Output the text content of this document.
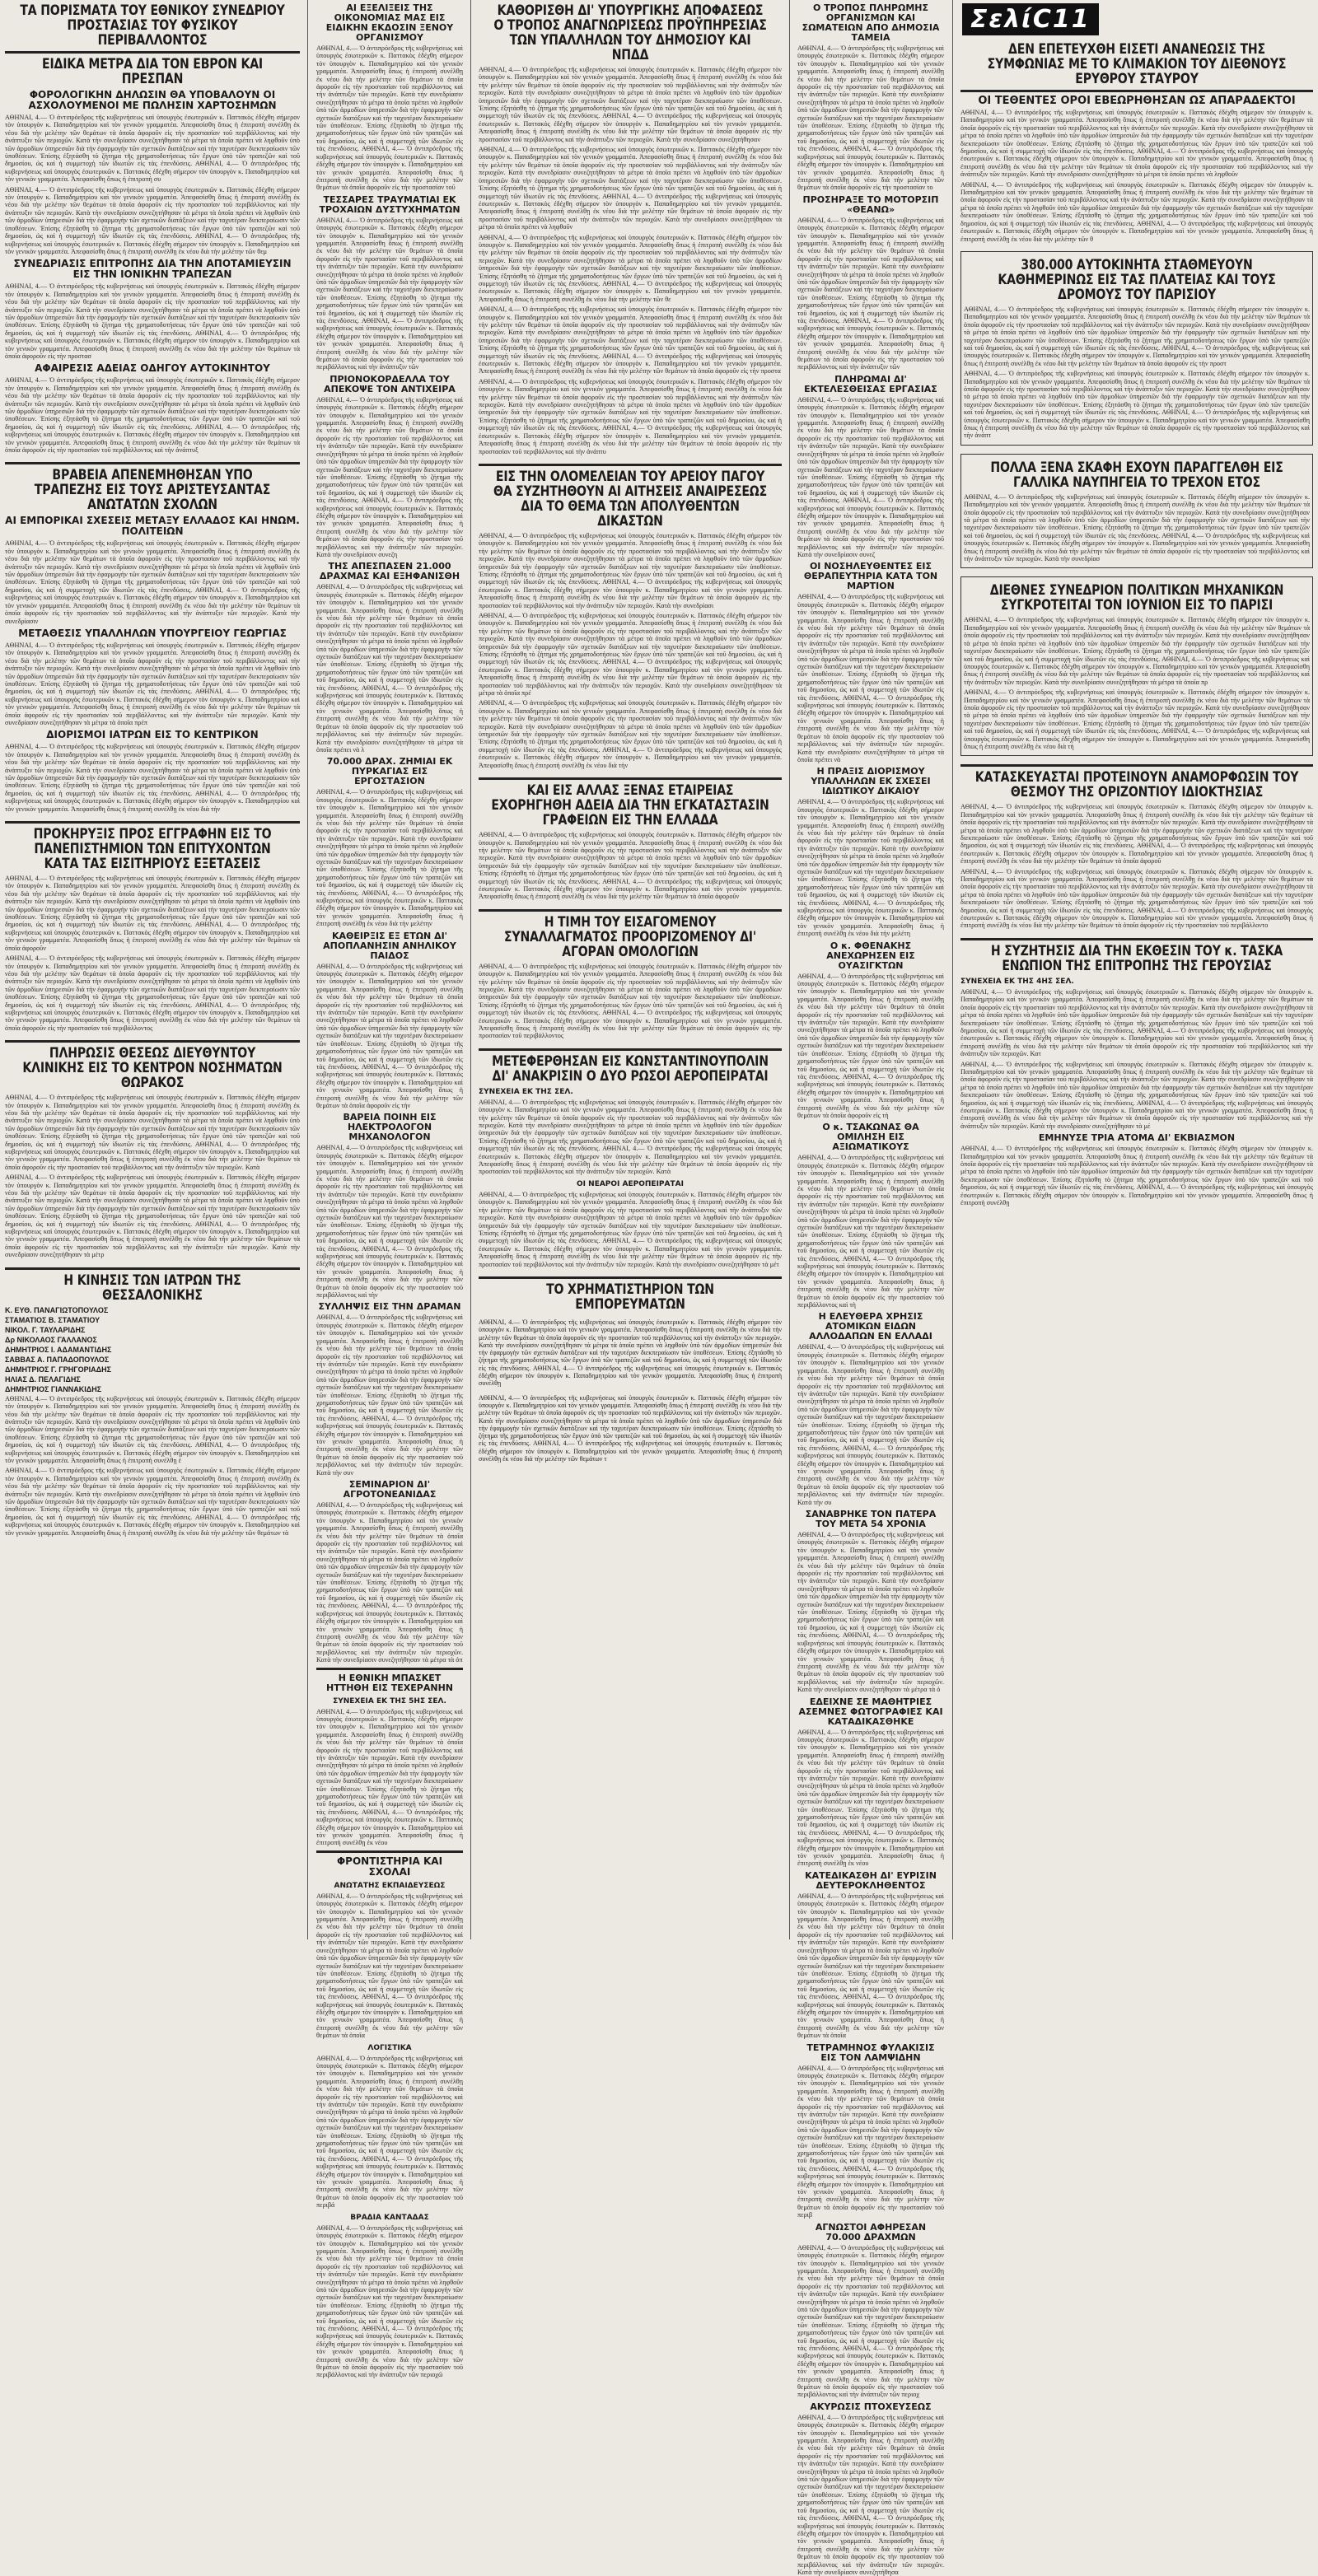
ΤΑ ΠΟΡΙΣΜΑΤΑ ΤΟΥ ΕΘΝΙΚΟΥ ΣΥΝΕΔΡΙΟΥ ΠΡΟΣΤΑΣΙΑΣ ΤΟΥ ΦΥΣΙΚΟΥ ΠΕΡΙΒΑΛΛΟΝΤΟΣ
ΕΙΔΙΚΑ ΜΕΤΡΑ ΔΙΑ ΤΟΝ ΕΒΡΟΝ ΚΑΙ ΠΡΕΣΠΑΝ
ΦΟΡΟΛΟΓΙΚΗΝ ΔΗΛΩΣΙΝ ΘΑ ΥΠΟΒΑΛΟΥΝ ΟΙ ΑΣΧΟΛΟΥΜΕΝΟΙ ΜΕ ΠΩΛΗΣΙΝ ΧΑΡΤΟΣΗΜΩΝ

ΑΘΗΝΑΙ, 4.— Ὁ ἀντιπρόεδρος τῆς κυβερνήσεως καὶ ὑπουργὸς ἐσωτερικῶν κ. Παττακὸς ἐδέχθη σήμερον τὸν ὑπουργὸν κ. Παπαδημητρίου καὶ τὸν γενικὸν γραμματέα. Ἀπεφασίσθη ὅπως ἡ ἐπιτροπὴ συνέλθῃ ἐκ νέου διὰ τὴν μελέτην τῶν θεμάτων τὰ ὁποῖα ἀφοροῦν εἰς τὴν προστασίαν τοῦ περιβάλλοντος καὶ τὴν ἀνάπτυξιν τῶν περιοχῶν. Κατὰ τὴν συνεδρίασιν συνεζητήθησαν τὰ μέτρα τὰ ὁποῖα πρέπει νὰ ληφθοῦν ὑπὸ τῶν ἁρμοδίων ὑπηρεσιῶν διὰ τὴν ἐφαρμογὴν τῶν σχετικῶν διατάξεων καὶ τὴν ταχυτέραν διεκπεραίωσιν τῶν ὑποθέσεων. Ἐπίσης ἐξητάσθη τὸ ζήτημα τῆς χρηματοδοτήσεως τῶν ἔργων ὑπὸ τῶν τραπεζῶν καὶ τοῦ δημοσίου, ὡς καὶ ἡ συμμετοχὴ τῶν ἰδιωτῶν εἰς τὰς ἐπενδύσεις. ΑΘΗΝΑΙ, 4.— Ὁ ἀντιπρόεδρος τῆς κυβερνήσεως καὶ ὑπουργὸς ἐσωτερικῶν κ. Παττακὸς ἐδέχθη σήμερον τὸν ὑπουργὸν κ. Παπαδημητρίου καὶ τὸν γενικὸν γραμματέα. Ἀπεφασίσθη ὅπως ἡ ἐπιτροπὴ συ

ΑΘΗΝΑΙ, 4.— Ὁ ἀντιπρόεδρος τῆς κυβερνήσεως καὶ ὑπουργὸς ἐσωτερικῶν κ. Παττακὸς ἐδέχθη σήμερον τὸν ὑπουργὸν κ. Παπαδημητρίου καὶ τὸν γενικὸν γραμματέα. Ἀπεφασίσθη ὅπως ἡ ἐπιτροπὴ συνέλθῃ ἐκ νέου διὰ τὴν μελέτην τῶν θεμάτων τὰ ὁποῖα ἀφοροῦν εἰς τὴν προστασίαν τοῦ περιβάλλοντος καὶ τὴν ἀνάπτυξιν τῶν περιοχῶν. Κατὰ τὴν συνεδρίασιν συνεζητήθησαν τὰ μέτρα τὰ ὁποῖα πρέπει νὰ ληφθοῦν ὑπὸ τῶν ἁρμοδίων ὑπηρεσιῶν διὰ τὴν ἐφαρμογὴν τῶν σχετικῶν διατάξεων καὶ τὴν ταχυτέραν διεκπεραίωσιν τῶν ὑποθέσεων. Ἐπίσης ἐξητάσθη τὸ ζήτημα τῆς χρηματοδοτήσεως τῶν ἔργων ὑπὸ τῶν τραπεζῶν καὶ τοῦ δημοσίου, ὡς καὶ ἡ συμμετοχὴ τῶν ἰδιωτῶν εἰς τὰς ἐπενδύσεις. ΑΘΗΝΑΙ, 4.— Ὁ ἀντιπρόεδρος τῆς κυβερνήσεως καὶ ὑπουργὸς ἐσωτερικῶν κ. Παττακὸς ἐδέχθη σήμερον τὸν ὑπουργὸν κ. Παπαδημητρίου καὶ τὸν γενικὸν γραμματέα. Ἀπεφασίσθη ὅπως ἡ ἐπιτροπὴ συνέλθῃ ἐκ νέου διὰ τὴν μελέτην τῶν θεμ

ΣΥΝΕΔΡΙΑΣΙΣ ΕΠΙΤΡΟΠΗΣ ΔΙΑ ΤΗΝ ΑΠΟΤΑΜΙΕΥΣΙΝ ΕΙΣ ΤΗΝ ΙΟΝΙΚΗΝ ΤΡΑΠΕΖΑΝ

ΑΘΗΝΑΙ, 4.— Ὁ ἀντιπρόεδρος τῆς κυβερνήσεως καὶ ὑπουργὸς ἐσωτερικῶν κ. Παττακὸς ἐδέχθη σήμερον τὸν ὑπουργὸν κ. Παπαδημητρίου καὶ τὸν γενικὸν γραμματέα. Ἀπεφασίσθη ὅπως ἡ ἐπιτροπὴ συνέλθῃ ἐκ νέου διὰ τὴν μελέτην τῶν θεμάτων τὰ ὁποῖα ἀφοροῦν εἰς τὴν προστασίαν τοῦ περιβάλλοντος καὶ τὴν ἀνάπτυξιν τῶν περιοχῶν. Κατὰ τὴν συνεδρίασιν συνεζητήθησαν τὰ μέτρα τὰ ὁποῖα πρέπει νὰ ληφθοῦν ὑπὸ τῶν ἁρμοδίων ὑπηρεσιῶν διὰ τὴν ἐφαρμογὴν τῶν σχετικῶν διατάξεων καὶ τὴν ταχυτέραν διεκπεραίωσιν τῶν ὑποθέσεων. Ἐπίσης ἐξητάσθη τὸ ζήτημα τῆς χρηματοδοτήσεως τῶν ἔργων ὑπὸ τῶν τραπεζῶν καὶ τοῦ δημοσίου, ὡς καὶ ἡ συμμετοχὴ τῶν ἰδιωτῶν εἰς τὰς ἐπενδύσεις. ΑΘΗΝΑΙ, 4.— Ὁ ἀντιπρόεδρος τῆς κυβερνήσεως καὶ ὑπουργὸς ἐσωτερικῶν κ. Παττακὸς ἐδέχθη σήμερον τὸν ὑπουργὸν κ. Παπαδημητρίου καὶ τὸν γενικὸν γραμματέα. Ἀπεφασίσθη ὅπως ἡ ἐπιτροπὴ συνέλθῃ ἐκ νέου διὰ τὴν μελέτην τῶν θεμάτων τὰ ὁποῖα ἀφοροῦν εἰς τὴν προστασ

ΑΦΑΙΡΕΣΙΣ ΑΔΕΙΑΣ ΟΔΗΓΟΥ ΑΥΤΟΚΙΝΗΤΟΥ

ΑΘΗΝΑΙ, 4.— Ὁ ἀντιπρόεδρος τῆς κυβερνήσεως καὶ ὑπουργὸς ἐσωτερικῶν κ. Παττακὸς ἐδέχθη σήμερον τὸν ὑπουργὸν κ. Παπαδημητρίου καὶ τὸν γενικὸν γραμματέα. Ἀπεφασίσθη ὅπως ἡ ἐπιτροπὴ συνέλθῃ ἐκ νέου διὰ τὴν μελέτην τῶν θεμάτων τὰ ὁποῖα ἀφοροῦν εἰς τὴν προστασίαν τοῦ περιβάλλοντος καὶ τὴν ἀνάπτυξιν τῶν περιοχῶν. Κατὰ τὴν συνεδρίασιν συνεζητήθησαν τὰ μέτρα τὰ ὁποῖα πρέπει νὰ ληφθοῦν ὑπὸ τῶν ἁρμοδίων ὑπηρεσιῶν διὰ τὴν ἐφαρμογὴν τῶν σχετικῶν διατάξεων καὶ τὴν ταχυτέραν διεκπεραίωσιν τῶν ὑποθέσεων. Ἐπίσης ἐξητάσθη τὸ ζήτημα τῆς χρηματοδοτήσεως τῶν ἔργων ὑπὸ τῶν τραπεζῶν καὶ τοῦ δημοσίου, ὡς καὶ ἡ συμμετοχὴ τῶν ἰδιωτῶν εἰς τὰς ἐπενδύσεις. ΑΘΗΝΑΙ, 4.— Ὁ ἀντιπρόεδρος τῆς κυβερνήσεως καὶ ὑπουργὸς ἐσωτερικῶν κ. Παττακὸς ἐδέχθη σήμερον τὸν ὑπουργὸν κ. Παπαδημητρίου καὶ τὸν γενικὸν γραμματέα. Ἀπεφασίσθη ὅπως ἡ ἐπιτροπὴ συνέλθῃ ἐκ νέου διὰ τὴν μελέτην τῶν θεμάτων τὰ ὁποῖα ἀφοροῦν εἰς τὴν προστασίαν τοῦ περιβάλλοντος καὶ τὴν ἀνάπτυξ

ΒΡΑΒΕΙΑ ΑΠΕΝΕΜΗΘΗΣΑΝ ΥΠΟ ΤΡΑΠΕΖΗΣ ΕΙΣ ΤΟΥΣ ΑΡΙΣΤΕΥΣΑΝΤΑΣ ΑΝΩΤΑΤΩΝ ΣΧΟΛΩΝ
ΑΙ ΕΜΠΟΡΙΚΑΙ ΣΧΕΣΕΙΣ ΜΕΤΑΞΥ ΕΛΛΑΔΟΣ ΚΑΙ ΗΝΩΜ. ΠΟΛΙΤΕΙΩΝ

ΑΘΗΝΑΙ, 4.— Ὁ ἀντιπρόεδρος τῆς κυβερνήσεως καὶ ὑπουργὸς ἐσωτερικῶν κ. Παττακὸς ἐδέχθη σήμερον τὸν ὑπουργὸν κ. Παπαδημητρίου καὶ τὸν γενικὸν γραμματέα. Ἀπεφασίσθη ὅπως ἡ ἐπιτροπὴ συνέλθῃ ἐκ νέου διὰ τὴν μελέτην τῶν θεμάτων τὰ ὁποῖα ἀφοροῦν εἰς τὴν προστασίαν τοῦ περιβάλλοντος καὶ τὴν ἀνάπτυξιν τῶν περιοχῶν. Κατὰ τὴν συνεδρίασιν συνεζητήθησαν τὰ μέτρα τὰ ὁποῖα πρέπει νὰ ληφθοῦν ὑπὸ τῶν ἁρμοδίων ὑπηρεσιῶν διὰ τὴν ἐφαρμογὴν τῶν σχετικῶν διατάξεων καὶ τὴν ταχυτέραν διεκπεραίωσιν τῶν ὑποθέσεων. Ἐπίσης ἐξητάσθη τὸ ζήτημα τῆς χρηματοδοτήσεως τῶν ἔργων ὑπὸ τῶν τραπεζῶν καὶ τοῦ δημοσίου, ὡς καὶ ἡ συμμετοχὴ τῶν ἰδιωτῶν εἰς τὰς ἐπενδύσεις. ΑΘΗΝΑΙ, 4.— Ὁ ἀντιπρόεδρος τῆς κυβερνήσεως καὶ ὑπουργὸς ἐσωτερικῶν κ. Παττακὸς ἐδέχθη σήμερον τὸν ὑπουργὸν κ. Παπαδημητρίου καὶ τὸν γενικὸν γραμματέα. Ἀπεφασίσθη ὅπως ἡ ἐπιτροπὴ συνέλθῃ ἐκ νέου διὰ τὴν μελέτην τῶν θεμάτων τὰ ὁποῖα ἀφοροῦν εἰς τὴν προστασίαν τοῦ περιβάλλοντος καὶ τὴν ἀνάπτυξιν τῶν περιοχῶν. Κατὰ τὴν συνεδρίασιν

ΜΕΤΑΘΕΣΙΣ ΥΠΑΛΛΗΛΩΝ ΥΠΟΥΡΓΕΙΟΥ ΓΕΩΡΓΙΑΣ

ΑΘΗΝΑΙ, 4.— Ὁ ἀντιπρόεδρος τῆς κυβερνήσεως καὶ ὑπουργὸς ἐσωτερικῶν κ. Παττακὸς ἐδέχθη σήμερον τὸν ὑπουργὸν κ. Παπαδημητρίου καὶ τὸν γενικὸν γραμματέα. Ἀπεφασίσθη ὅπως ἡ ἐπιτροπὴ συνέλθῃ ἐκ νέου διὰ τὴν μελέτην τῶν θεμάτων τὰ ὁποῖα ἀφοροῦν εἰς τὴν προστασίαν τοῦ περιβάλλοντος καὶ τὴν ἀνάπτυξιν τῶν περιοχῶν. Κατὰ τὴν συνεδρίασιν συνεζητήθησαν τὰ μέτρα τὰ ὁποῖα πρέπει νὰ ληφθοῦν ὑπὸ τῶν ἁρμοδίων ὑπηρεσιῶν διὰ τὴν ἐφαρμογὴν τῶν σχετικῶν διατάξεων καὶ τὴν ταχυτέραν διεκπεραίωσιν τῶν ὑποθέσεων. Ἐπίσης ἐξητάσθη τὸ ζήτημα τῆς χρηματοδοτήσεως τῶν ἔργων ὑπὸ τῶν τραπεζῶν καὶ τοῦ δημοσίου, ὡς καὶ ἡ συμμετοχὴ τῶν ἰδιωτῶν εἰς τὰς ἐπενδύσεις. ΑΘΗΝΑΙ, 4.— Ὁ ἀντιπρόεδρος τῆς κυβερνήσεως καὶ ὑπουργὸς ἐσωτερικῶν κ. Παττακὸς ἐδέχθη σήμερον τὸν ὑπουργὸν κ. Παπαδημητρίου καὶ τὸν γενικὸν γραμματέα. Ἀπεφασίσθη ὅπως ἡ ἐπιτροπὴ συνέλθῃ ἐκ νέου διὰ τὴν μελέτην τῶν θεμάτων τὰ ὁποῖα ἀφοροῦν εἰς τὴν προστασίαν τοῦ περιβάλλοντος καὶ τὴν ἀνάπτυξιν τῶν περιοχῶν. Κατὰ τὴν συνεδρίασιν συνεζητήθησαν τὰ μέτρα τὰ ὁποῖα πρέπ

ΔΙΟΡΙΣΜΟΙ ΙΑΤΡΩΝ ΕΙΣ ΤΟ ΚΕΝΤΡΙΚΟΝ

ΑΘΗΝΑΙ, 4.— Ὁ ἀντιπρόεδρος τῆς κυβερνήσεως καὶ ὑπουργὸς ἐσωτερικῶν κ. Παττακὸς ἐδέχθη σήμερον τὸν ὑπουργὸν κ. Παπαδημητρίου καὶ τὸν γενικὸν γραμματέα. Ἀπεφασίσθη ὅπως ἡ ἐπιτροπὴ συνέλθῃ ἐκ νέου διὰ τὴν μελέτην τῶν θεμάτων τὰ ὁποῖα ἀφοροῦν εἰς τὴν προστασίαν τοῦ περιβάλλοντος καὶ τὴν ἀνάπτυξιν τῶν περιοχῶν. Κατὰ τὴν συνεδρίασιν συνεζητήθησαν τὰ μέτρα τὰ ὁποῖα πρέπει νὰ ληφθοῦν ὑπὸ τῶν ἁρμοδίων ὑπηρεσιῶν διὰ τὴν ἐφαρμογὴν τῶν σχετικῶν διατάξεων καὶ τὴν ταχυτέραν διεκπεραίωσιν τῶν ὑποθέσεων. Ἐπίσης ἐξητάσθη τὸ ζήτημα τῆς χρηματοδοτήσεως τῶν ἔργων ὑπὸ τῶν τραπεζῶν καὶ τοῦ δημοσίου, ὡς καὶ ἡ συμμετοχὴ τῶν ἰδιωτῶν εἰς τὰς ἐπενδύσεις. ΑΘΗΝΑΙ, 4.— Ὁ ἀντιπρόεδρος τῆς κυβερνήσεως καὶ ὑπουργὸς ἐσωτερικῶν κ. Παττακὸς ἐδέχθη σήμερον τὸν ὑπουργὸν κ. Παπαδημητρίου καὶ τὸν γενικὸν γραμματέα. Ἀπεφασίσθη ὅπως ἡ ἐπιτροπὴ συνέλθῃ ἐκ νέου διὰ τὴν

ΠΡΟΚΗΡΥΞΙΣ ΠΡΟΣ ΕΓΓΡΑΦΗΝ ΕΙΣ ΤΟ ΠΑΝΕΠΙΣΤΗΜΙΟΝ ΤΩΝ ΕΠΙΤΥΧΟΝΤΩΝ ΚΑΤΑ ΤΑΣ ΕΙΣΙΤΗΡΙΟΥΣ ΕΞΕΤΑΣΕΙΣ

ΑΘΗΝΑΙ, 4.— Ὁ ἀντιπρόεδρος τῆς κυβερνήσεως καὶ ὑπουργὸς ἐσωτερικῶν κ. Παττακὸς ἐδέχθη σήμερον τὸν ὑπουργὸν κ. Παπαδημητρίου καὶ τὸν γενικὸν γραμματέα. Ἀπεφασίσθη ὅπως ἡ ἐπιτροπὴ συνέλθῃ ἐκ νέου διὰ τὴν μελέτην τῶν θεμάτων τὰ ὁποῖα ἀφοροῦν εἰς τὴν προστασίαν τοῦ περιβάλλοντος καὶ τὴν ἀνάπτυξιν τῶν περιοχῶν. Κατὰ τὴν συνεδρίασιν συνεζητήθησαν τὰ μέτρα τὰ ὁποῖα πρέπει νὰ ληφθοῦν ὑπὸ τῶν ἁρμοδίων ὑπηρεσιῶν διὰ τὴν ἐφαρμογὴν τῶν σχετικῶν διατάξεων καὶ τὴν ταχυτέραν διεκπεραίωσιν τῶν ὑποθέσεων. Ἐπίσης ἐξητάσθη τὸ ζήτημα τῆς χρηματοδοτήσεως τῶν ἔργων ὑπὸ τῶν τραπεζῶν καὶ τοῦ δημοσίου, ὡς καὶ ἡ συμμετοχὴ τῶν ἰδιωτῶν εἰς τὰς ἐπενδύσεις. ΑΘΗΝΑΙ, 4.— Ὁ ἀντιπρόεδρος τῆς κυβερνήσεως καὶ ὑπουργὸς ἐσωτερικῶν κ. Παττακὸς ἐδέχθη σήμερον τὸν ὑπουργὸν κ. Παπαδημητρίου καὶ τὸν γενικὸν γραμματέα. Ἀπεφασίσθη ὅπως ἡ ἐπιτροπὴ συνέλθῃ ἐκ νέου διὰ τὴν μελέτην τῶν θεμάτων τὰ ὁποῖα ἀφοροῦν

ΑΘΗΝΑΙ, 4.— Ὁ ἀντιπρόεδρος τῆς κυβερνήσεως καὶ ὑπουργὸς ἐσωτερικῶν κ. Παττακὸς ἐδέχθη σήμερον τὸν ὑπουργὸν κ. Παπαδημητρίου καὶ τὸν γενικὸν γραμματέα. Ἀπεφασίσθη ὅπως ἡ ἐπιτροπὴ συνέλθῃ ἐκ νέου διὰ τὴν μελέτην τῶν θεμάτων τὰ ὁποῖα ἀφοροῦν εἰς τὴν προστασίαν τοῦ περιβάλλοντος καὶ τὴν ἀνάπτυξιν τῶν περιοχῶν. Κατὰ τὴν συνεδρίασιν συνεζητήθησαν τὰ μέτρα τὰ ὁποῖα πρέπει νὰ ληφθοῦν ὑπὸ τῶν ἁρμοδίων ὑπηρεσιῶν διὰ τὴν ἐφαρμογὴν τῶν σχετικῶν διατάξεων καὶ τὴν ταχυτέραν διεκπεραίωσιν τῶν ὑποθέσεων. Ἐπίσης ἐξητάσθη τὸ ζήτημα τῆς χρηματοδοτήσεως τῶν ἔργων ὑπὸ τῶν τραπεζῶν καὶ τοῦ δημοσίου, ὡς καὶ ἡ συμμετοχὴ τῶν ἰδιωτῶν εἰς τὰς ἐπενδύσεις. ΑΘΗΝΑΙ, 4.— Ὁ ἀντιπρόεδρος τῆς κυβερνήσεως καὶ ὑπουργὸς ἐσωτερικῶν κ. Παττακὸς ἐδέχθη σήμερον τὸν ὑπουργὸν κ. Παπαδημητρίου καὶ τὸν γενικὸν γραμματέα. Ἀπεφασίσθη ὅπως ἡ ἐπιτροπὴ συνέλθῃ ἐκ νέου διὰ τὴν μελέτην τῶν θεμάτων τὰ ὁποῖα ἀφοροῦν εἰς τὴν προστασίαν τοῦ περιβάλλοντος

ΠΛΗΡΩΣΙΣ ΘΕΣΕΩΣ ΔΙΕΥΘΥΝΤΟΥ ΚΛΙΝΙΚΗΣ ΕΙΣ ΤΟ ΚΕΝΤΡΟΝ ΝΟΣΗΜΑΤΩΝ ΘΩΡΑΚΟΣ

ΑΘΗΝΑΙ, 4.— Ὁ ἀντιπρόεδρος τῆς κυβερνήσεως καὶ ὑπουργὸς ἐσωτερικῶν κ. Παττακὸς ἐδέχθη σήμερον τὸν ὑπουργὸν κ. Παπαδημητρίου καὶ τὸν γενικὸν γραμματέα. Ἀπεφασίσθη ὅπως ἡ ἐπιτροπὴ συνέλθῃ ἐκ νέου διὰ τὴν μελέτην τῶν θεμάτων τὰ ὁποῖα ἀφοροῦν εἰς τὴν προστασίαν τοῦ περιβάλλοντος καὶ τὴν ἀνάπτυξιν τῶν περιοχῶν. Κατὰ τὴν συνεδρίασιν συνεζητήθησαν τὰ μέτρα τὰ ὁποῖα πρέπει νὰ ληφθοῦν ὑπὸ τῶν ἁρμοδίων ὑπηρεσιῶν διὰ τὴν ἐφαρμογὴν τῶν σχετικῶν διατάξεων καὶ τὴν ταχυτέραν διεκπεραίωσιν τῶν ὑποθέσεων. Ἐπίσης ἐξητάσθη τὸ ζήτημα τῆς χρηματοδοτήσεως τῶν ἔργων ὑπὸ τῶν τραπεζῶν καὶ τοῦ δημοσίου, ὡς καὶ ἡ συμμετοχὴ τῶν ἰδιωτῶν εἰς τὰς ἐπενδύσεις. ΑΘΗΝΑΙ, 4.— Ὁ ἀντιπρόεδρος τῆς κυβερνήσεως καὶ ὑπουργὸς ἐσωτερικῶν κ. Παττακὸς ἐδέχθη σήμερον τὸν ὑπουργὸν κ. Παπαδημητρίου καὶ τὸν γενικὸν γραμματέα. Ἀπεφασίσθη ὅπως ἡ ἐπιτροπὴ συνέλθῃ ἐκ νέου διὰ τὴν μελέτην τῶν θεμάτων τὰ ὁποῖα ἀφοροῦν εἰς τὴν προστασίαν τοῦ περιβάλλοντος καὶ τὴν ἀνάπτυξιν τῶν περιοχῶν. Κατὰ

ΑΘΗΝΑΙ, 4.— Ὁ ἀντιπρόεδρος τῆς κυβερνήσεως καὶ ὑπουργὸς ἐσωτερικῶν κ. Παττακὸς ἐδέχθη σήμερον τὸν ὑπουργὸν κ. Παπαδημητρίου καὶ τὸν γενικὸν γραμματέα. Ἀπεφασίσθη ὅπως ἡ ἐπιτροπὴ συνέλθῃ ἐκ νέου διὰ τὴν μελέτην τῶν θεμάτων τὰ ὁποῖα ἀφοροῦν εἰς τὴν προστασίαν τοῦ περιβάλλοντος καὶ τὴν ἀνάπτυξιν τῶν περιοχῶν. Κατὰ τὴν συνεδρίασιν συνεζητήθησαν τὰ μέτρα τὰ ὁποῖα πρέπει νὰ ληφθοῦν ὑπὸ τῶν ἁρμοδίων ὑπηρεσιῶν διὰ τὴν ἐφαρμογὴν τῶν σχετικῶν διατάξεων καὶ τὴν ταχυτέραν διεκπεραίωσιν τῶν ὑποθέσεων. Ἐπίσης ἐξητάσθη τὸ ζήτημα τῆς χρηματοδοτήσεως τῶν ἔργων ὑπὸ τῶν τραπεζῶν καὶ τοῦ δημοσίου, ὡς καὶ ἡ συμμετοχὴ τῶν ἰδιωτῶν εἰς τὰς ἐπενδύσεις. ΑΘΗΝΑΙ, 4.— Ὁ ἀντιπρόεδρος τῆς κυβερνήσεως καὶ ὑπουργὸς ἐσωτερικῶν κ. Παττακὸς ἐδέχθη σήμερον τὸν ὑπουργὸν κ. Παπαδημητρίου καὶ τὸν γενικὸν γραμματέα. Ἀπεφασίσθη ὅπως ἡ ἐπιτροπὴ συνέλθῃ ἐκ νέου διὰ τὴν μελέτην τῶν θεμάτων τὰ ὁποῖα ἀφοροῦν εἰς τὴν προστασίαν τοῦ περιβάλλοντος καὶ τὴν ἀνάπτυξιν τῶν περιοχῶν. Κατὰ τὴν συνεδρίασιν συνεζητήθησαν τὰ μέτρ

Η ΚΙΝΗΣΙΣ ΤΩΝ ΙΑΤΡΩΝ ΤΗΣ ΘΕΣΣΑΛΟΝΙΚΗΣ
Κ. ΕΥΘ. ΠΑΝΑΓΙΩΤΟΠΟΥΛΟΣ
ΣΤΑΜΑΤΙΟΣ Β. ΣΤΑΜΑΤΙΟΥ
ΝΙΚΟΛ. Γ. ΤΑΥΛΑΡΙΔΗΣ
Δρ ΝΙΚΟΛΑΟΣ ΓΑΛΛΑΝΟΣ
ΔΗΜΗΤΡΙΟΣ Ι. ΑΔΑΜΑΝΤΙΔΗΣ
ΣΑΒΒΑΣ Α. ΠΑΠΑΔΟΠΟΥΛΟΣ
ΔΗΜΗΤΡΙΟΣ Γ. ΓΡΗΓΟΡΙΑΔΗΣ
ΗΛΙΑΣ Δ. ΠΕΛΑΓΙΔΗΣ
ΔΗΜΗΤΡΙΟΣ ΓΙΑΝΝΑΚΙΔΗΣ

ΑΘΗΝΑΙ, 4.— Ὁ ἀντιπρόεδρος τῆς κυβερνήσεως καὶ ὑπουργὸς ἐσωτερικῶν κ. Παττακὸς ἐδέχθη σήμερον τὸν ὑπουργὸν κ. Παπαδημητρίου καὶ τὸν γενικὸν γραμματέα. Ἀπεφασίσθη ὅπως ἡ ἐπιτροπὴ συνέλθῃ ἐκ νέου διὰ τὴν μελέτην τῶν θεμάτων τὰ ὁποῖα ἀφοροῦν εἰς τὴν προστασίαν τοῦ περιβάλλοντος καὶ τὴν ἀνάπτυξιν τῶν περιοχῶν. Κατὰ τὴν συνεδρίασιν συνεζητήθησαν τὰ μέτρα τὰ ὁποῖα πρέπει νὰ ληφθοῦν ὑπὸ τῶν ἁρμοδίων ὑπηρεσιῶν διὰ τὴν ἐφαρμογὴν τῶν σχετικῶν διατάξεων καὶ τὴν ταχυτέραν διεκπεραίωσιν τῶν ὑποθέσεων. Ἐπίσης ἐξητάσθη τὸ ζήτημα τῆς χρηματοδοτήσεως τῶν ἔργων ὑπὸ τῶν τραπεζῶν καὶ τοῦ δημοσίου, ὡς καὶ ἡ συμμετοχὴ τῶν ἰδιωτῶν εἰς τὰς ἐπενδύσεις. ΑΘΗΝΑΙ, 4.— Ὁ ἀντιπρόεδρος τῆς κυβερνήσεως καὶ ὑπουργὸς ἐσωτερικῶν κ. Παττακὸς ἐδέχθη σήμερον τὸν ὑπουργὸν κ. Παπαδημητρίου καὶ τὸν γενικὸν γραμματέα. Ἀπεφασίσθη ὅπως ἡ ἐπιτροπὴ συνέλθῃ ἐ

ΑΘΗΝΑΙ, 4.— Ὁ ἀντιπρόεδρος τῆς κυβερνήσεως καὶ ὑπουργὸς ἐσωτερικῶν κ. Παττακὸς ἐδέχθη σήμερον τὸν ὑπουργὸν κ. Παπαδημητρίου καὶ τὸν γενικὸν γραμματέα. Ἀπεφασίσθη ὅπως ἡ ἐπιτροπὴ συνέλθῃ ἐκ νέου διὰ τὴν μελέτην τῶν θεμάτων τὰ ὁποῖα ἀφοροῦν εἰς τὴν προστασίαν τοῦ περιβάλλοντος καὶ τὴν ἀνάπτυξιν τῶν περιοχῶν. Κατὰ τὴν συνεδρίασιν συνεζητήθησαν τὰ μέτρα τὰ ὁποῖα πρέπει νὰ ληφθοῦν ὑπὸ τῶν ἁρμοδίων ὑπηρεσιῶν διὰ τὴν ἐφαρμογὴν τῶν σχετικῶν διατάξεων καὶ τὴν ταχυτέραν διεκπεραίωσιν τῶν ὑποθέσεων. Ἐπίσης ἐξητάσθη τὸ ζήτημα τῆς χρηματοδοτήσεως τῶν ἔργων ὑπὸ τῶν τραπεζῶν καὶ τοῦ δημοσίου, ὡς καὶ ἡ συμμετοχὴ τῶν ἰδιωτῶν εἰς τὰς ἐπενδύσεις. ΑΘΗΝΑΙ, 4.— Ὁ ἀντιπρόεδρος τῆς κυβερνήσεως καὶ ὑπουργὸς ἐσωτερικῶν κ. Παττακὸς ἐδέχθη σήμερον τὸν ὑπουργὸν κ. Παπαδημητρίου καὶ τὸν γενικὸν γραμματέα. Ἀπεφασίσθη ὅπως ἡ ἐπιτροπὴ συνέλθῃ ἐκ νέου διὰ τὴν μελέτην τῶν θεμάτων τὰ

ΑΙ ΕΞΕΛΙΞΕΙΣ ΤΗΣ ΟΙΚΟΝΟΜΙΑΣ ΜΑΣ ΕΙΣ ΕΙΔΙΚΗΝ ΕΚΔΟΣΙΝ ΞΕΝΟΥ ΟΡΓΑΝΙΣΜΟΥ

ΑΘΗΝΑΙ, 4.— Ὁ ἀντιπρόεδρος τῆς κυβερνήσεως καὶ ὑπουργὸς ἐσωτερικῶν κ. Παττακὸς ἐδέχθη σήμερον τὸν ὑπουργὸν κ. Παπαδημητρίου καὶ τὸν γενικὸν γραμματέα. Ἀπεφασίσθη ὅπως ἡ ἐπιτροπὴ συνέλθῃ ἐκ νέου διὰ τὴν μελέτην τῶν θεμάτων τὰ ὁποῖα ἀφοροῦν εἰς τὴν προστασίαν τοῦ περιβάλλοντος καὶ τὴν ἀνάπτυξιν τῶν περιοχῶν. Κατὰ τὴν συνεδρίασιν συνεζητήθησαν τὰ μέτρα τὰ ὁποῖα πρέπει νὰ ληφθοῦν ὑπὸ τῶν ἁρμοδίων ὑπηρεσιῶν διὰ τὴν ἐφαρμογὴν τῶν σχετικῶν διατάξεων καὶ τὴν ταχυτέραν διεκπεραίωσιν τῶν ὑποθέσεων. Ἐπίσης ἐξητάσθη τὸ ζήτημα τῆς χρηματοδοτήσεως τῶν ἔργων ὑπὸ τῶν τραπεζῶν καὶ τοῦ δημοσίου, ὡς καὶ ἡ συμμετοχὴ τῶν ἰδιωτῶν εἰς τὰς ἐπενδύσεις. ΑΘΗΝΑΙ, 4.— Ὁ ἀντιπρόεδρος τῆς κυβερνήσεως καὶ ὑπουργὸς ἐσωτερικῶν κ. Παττακὸς ἐδέχθη σήμερον τὸν ὑπουργὸν κ. Παπαδημητρίου καὶ τὸν γενικὸν γραμματέα. Ἀπεφασίσθη ὅπως ἡ ἐπιτροπὴ συνέλθῃ ἐκ νέου διὰ τὴν μελέτην τῶν θεμάτων τὰ ὁποῖα ἀφοροῦν εἰς τὴν προστασίαν τοῦ

ΤΕΣΣΑΡΕΣ ΤΡΑΥΜΑΤΙΑΙ ΕΚ ΤΡΟΧΑΙΩΝ ΔΥΣΤΥΧΗΜΑΤΩΝ

ΑΘΗΝΑΙ, 4.— Ὁ ἀντιπρόεδρος τῆς κυβερνήσεως καὶ ὑπουργὸς ἐσωτερικῶν κ. Παττακὸς ἐδέχθη σήμερον τὸν ὑπουργὸν κ. Παπαδημητρίου καὶ τὸν γενικὸν γραμματέα. Ἀπεφασίσθη ὅπως ἡ ἐπιτροπὴ συνέλθῃ ἐκ νέου διὰ τὴν μελέτην τῶν θεμάτων τὰ ὁποῖα ἀφοροῦν εἰς τὴν προστασίαν τοῦ περιβάλλοντος καὶ τὴν ἀνάπτυξιν τῶν περιοχῶν. Κατὰ τὴν συνεδρίασιν συνεζητήθησαν τὰ μέτρα τὰ ὁποῖα πρέπει νὰ ληφθοῦν ὑπὸ τῶν ἁρμοδίων ὑπηρεσιῶν διὰ τὴν ἐφαρμογὴν τῶν σχετικῶν διατάξεων καὶ τὴν ταχυτέραν διεκπεραίωσιν τῶν ὑποθέσεων. Ἐπίσης ἐξητάσθη τὸ ζήτημα τῆς χρηματοδοτήσεως τῶν ἔργων ὑπὸ τῶν τραπεζῶν καὶ τοῦ δημοσίου, ὡς καὶ ἡ συμμετοχὴ τῶν ἰδιωτῶν εἰς τὰς ἐπενδύσεις. ΑΘΗΝΑΙ, 4.— Ὁ ἀντιπρόεδρος τῆς κυβερνήσεως καὶ ὑπουργὸς ἐσωτερικῶν κ. Παττακὸς ἐδέχθη σήμερον τὸν ὑπουργὸν κ. Παπαδημητρίου καὶ τὸν γενικὸν γραμματέα. Ἀπεφασίσθη ὅπως ἡ ἐπιτροπὴ συνέλθῃ ἐκ νέου διὰ τὴν μελέτην τῶν θεμάτων τὰ ὁποῖα ἀφοροῦν εἰς τὴν προστασίαν τοῦ περιβάλλοντος καὶ τὴν ἀνάπτυξιν τῶν

ΠΡΙΟΝΟΚΟΡΔΕΛΛΑ ΤΟΥ ΑΠΕΚΟΨΕ ΤΟΝ ΑΝΤΙΧΕΙΡΑ

ΑΘΗΝΑΙ, 4.— Ὁ ἀντιπρόεδρος τῆς κυβερνήσεως καὶ ὑπουργὸς ἐσωτερικῶν κ. Παττακὸς ἐδέχθη σήμερον τὸν ὑπουργὸν κ. Παπαδημητρίου καὶ τὸν γενικὸν γραμματέα. Ἀπεφασίσθη ὅπως ἡ ἐπιτροπὴ συνέλθῃ ἐκ νέου διὰ τὴν μελέτην τῶν θεμάτων τὰ ὁποῖα ἀφοροῦν εἰς τὴν προστασίαν τοῦ περιβάλλοντος καὶ τὴν ἀνάπτυξιν τῶν περιοχῶν. Κατὰ τὴν συνεδρίασιν συνεζητήθησαν τὰ μέτρα τὰ ὁποῖα πρέπει νὰ ληφθοῦν ὑπὸ τῶν ἁρμοδίων ὑπηρεσιῶν διὰ τὴν ἐφαρμογὴν τῶν σχετικῶν διατάξεων καὶ τὴν ταχυτέραν διεκπεραίωσιν τῶν ὑποθέσεων. Ἐπίσης ἐξητάσθη τὸ ζήτημα τῆς χρηματοδοτήσεως τῶν ἔργων ὑπὸ τῶν τραπεζῶν καὶ τοῦ δημοσίου, ὡς καὶ ἡ συμμετοχὴ τῶν ἰδιωτῶν εἰς τὰς ἐπενδύσεις. ΑΘΗΝΑΙ, 4.— Ὁ ἀντιπρόεδρος τῆς κυβερνήσεως καὶ ὑπουργὸς ἐσωτερικῶν κ. Παττακὸς ἐδέχθη σήμερον τὸν ὑπουργὸν κ. Παπαδημητρίου καὶ τὸν γενικὸν γραμματέα. Ἀπεφασίσθη ὅπως ἡ ἐπιτροπὴ συνέλθῃ ἐκ νέου διὰ τὴν μελέτην τῶν θεμάτων τὰ ὁποῖα ἀφοροῦν εἰς τὴν προστασίαν τοῦ περιβάλλοντος καὶ τὴν ἀνάπτυξιν τῶν περιοχῶν. Κατὰ τὴν συνεδρίασιν συνεζη

ΤΗΣ ΑΠΕΣΠΑΣΕΝ 21.000 ΔΡΑΧΜΑΣ ΚΑΙ ΕΞΗΦΑΝΙΣΘΗ

ΑΘΗΝΑΙ, 4.— Ὁ ἀντιπρόεδρος τῆς κυβερνήσεως καὶ ὑπουργὸς ἐσωτερικῶν κ. Παττακὸς ἐδέχθη σήμερον τὸν ὑπουργὸν κ. Παπαδημητρίου καὶ τὸν γενικὸν γραμματέα. Ἀπεφασίσθη ὅπως ἡ ἐπιτροπὴ συνέλθῃ ἐκ νέου διὰ τὴν μελέτην τῶν θεμάτων τὰ ὁποῖα ἀφοροῦν εἰς τὴν προστασίαν τοῦ περιβάλλοντος καὶ τὴν ἀνάπτυξιν τῶν περιοχῶν. Κατὰ τὴν συνεδρίασιν συνεζητήθησαν τὰ μέτρα τὰ ὁποῖα πρέπει νὰ ληφθοῦν ὑπὸ τῶν ἁρμοδίων ὑπηρεσιῶν διὰ τὴν ἐφαρμογὴν τῶν σχετικῶν διατάξεων καὶ τὴν ταχυτέραν διεκπεραίωσιν τῶν ὑποθέσεων. Ἐπίσης ἐξητάσθη τὸ ζήτημα τῆς χρηματοδοτήσεως τῶν ἔργων ὑπὸ τῶν τραπεζῶν καὶ τοῦ δημοσίου, ὡς καὶ ἡ συμμετοχὴ τῶν ἰδιωτῶν εἰς τὰς ἐπενδύσεις. ΑΘΗΝΑΙ, 4.— Ὁ ἀντιπρόεδρος τῆς κυβερνήσεως καὶ ὑπουργὸς ἐσωτερικῶν κ. Παττακὸς ἐδέχθη σήμερον τὸν ὑπουργὸν κ. Παπαδημητρίου καὶ τὸν γενικὸν γραμματέα. Ἀπεφασίσθη ὅπως ἡ ἐπιτροπὴ συνέλθῃ ἐκ νέου διὰ τὴν μελέτην τῶν θεμάτων τὰ ὁποῖα ἀφοροῦν εἰς τὴν προστασίαν τοῦ περιβάλλοντος καὶ τὴν ἀνάπτυξιν τῶν περιοχῶν. Κατὰ τὴν συνεδρίασιν συνεζητήθησαν τὰ μέτρα τὰ ὁποῖα πρέπει νὰ λ

70.000 ΔΡΑΧ. ΖΗΜΙΑΙ ΕΚ ΠΥΡΚΑΓΙΑΣ ΕΙΣ ΕΡΓΟΣΤΑΣΙΟΝ

ΑΘΗΝΑΙ, 4.— Ὁ ἀντιπρόεδρος τῆς κυβερνήσεως καὶ ὑπουργὸς ἐσωτερικῶν κ. Παττακὸς ἐδέχθη σήμερον τὸν ὑπουργὸν κ. Παπαδημητρίου καὶ τὸν γενικὸν γραμματέα. Ἀπεφασίσθη ὅπως ἡ ἐπιτροπὴ συνέλθῃ ἐκ νέου διὰ τὴν μελέτην τῶν θεμάτων τὰ ὁποῖα ἀφοροῦν εἰς τὴν προστασίαν τοῦ περιβάλλοντος καὶ τὴν ἀνάπτυξιν τῶν περιοχῶν. Κατὰ τὴν συνεδρίασιν συνεζητήθησαν τὰ μέτρα τὰ ὁποῖα πρέπει νὰ ληφθοῦν ὑπὸ τῶν ἁρμοδίων ὑπηρεσιῶν διὰ τὴν ἐφαρμογὴν τῶν σχετικῶν διατάξεων καὶ τὴν ταχυτέραν διεκπεραίωσιν τῶν ὑποθέσεων. Ἐπίσης ἐξητάσθη τὸ ζήτημα τῆς χρηματοδοτήσεως τῶν ἔργων ὑπὸ τῶν τραπεζῶν καὶ τοῦ δημοσίου, ὡς καὶ ἡ συμμετοχὴ τῶν ἰδιωτῶν εἰς τὰς ἐπενδύσεις. ΑΘΗΝΑΙ, 4.— Ὁ ἀντιπρόεδρος τῆς κυβερνήσεως καὶ ὑπουργὸς ἐσωτερικῶν κ. Παττακὸς ἐδέχθη σήμερον τὸν ὑπουργὸν κ. Παπαδημητρίου καὶ τὸν γενικὸν γραμματέα. Ἀπεφασίσθη ὅπως ἡ ἐπιτροπὴ συνέλθῃ ἐκ νέου διὰ τὴν μελέτην

ΚΑΘΕΙΡΞΙΣ ΕΞ ΕΤΩΝ ΔΙ' ΑΠΟΠΛΑΝΗΣΙΝ ΑΝΗΛΙΚΟΥ ΠΑΙΔΟΣ

ΑΘΗΝΑΙ, 4.— Ὁ ἀντιπρόεδρος τῆς κυβερνήσεως καὶ ὑπουργὸς ἐσωτερικῶν κ. Παττακὸς ἐδέχθη σήμερον τὸν ὑπουργὸν κ. Παπαδημητρίου καὶ τὸν γενικὸν γραμματέα. Ἀπεφασίσθη ὅπως ἡ ἐπιτροπὴ συνέλθῃ ἐκ νέου διὰ τὴν μελέτην τῶν θεμάτων τὰ ὁποῖα ἀφοροῦν εἰς τὴν προστασίαν τοῦ περιβάλλοντος καὶ τὴν ἀνάπτυξιν τῶν περιοχῶν. Κατὰ τὴν συνεδρίασιν συνεζητήθησαν τὰ μέτρα τὰ ὁποῖα πρέπει νὰ ληφθοῦν ὑπὸ τῶν ἁρμοδίων ὑπηρεσιῶν διὰ τὴν ἐφαρμογὴν τῶν σχετικῶν διατάξεων καὶ τὴν ταχυτέραν διεκπεραίωσιν τῶν ὑποθέσεων. Ἐπίσης ἐξητάσθη τὸ ζήτημα τῆς χρηματοδοτήσεως τῶν ἔργων ὑπὸ τῶν τραπεζῶν καὶ τοῦ δημοσίου, ὡς καὶ ἡ συμμετοχὴ τῶν ἰδιωτῶν εἰς τὰς ἐπενδύσεις. ΑΘΗΝΑΙ, 4.— Ὁ ἀντιπρόεδρος τῆς κυβερνήσεως καὶ ὑπουργὸς ἐσωτερικῶν κ. Παττακὸς ἐδέχθη σήμερον τὸν ὑπουργὸν κ. Παπαδημητρίου καὶ τὸν γενικὸν γραμματέα. Ἀπεφασίσθη ὅπως ἡ ἐπιτροπὴ συνέλθῃ ἐκ νέου διὰ τὴν μελέτην τῶν θεμάτων τὰ ὁποῖα ἀφοροῦν εἰς τὴν

ΒΑΡΕΙΑ ΠΟΙΝΗ ΕΙΣ ΗΛΕΚΤΡΟΛΟΓΟΝ ΜΗΧΑΝΟΛΟΓΟΝ

ΑΘΗΝΑΙ, 4.— Ὁ ἀντιπρόεδρος τῆς κυβερνήσεως καὶ ὑπουργὸς ἐσωτερικῶν κ. Παττακὸς ἐδέχθη σήμερον τὸν ὑπουργὸν κ. Παπαδημητρίου καὶ τὸν γενικὸν γραμματέα. Ἀπεφασίσθη ὅπως ἡ ἐπιτροπὴ συνέλθῃ ἐκ νέου διὰ τὴν μελέτην τῶν θεμάτων τὰ ὁποῖα ἀφοροῦν εἰς τὴν προστασίαν τοῦ περιβάλλοντος καὶ τὴν ἀνάπτυξιν τῶν περιοχῶν. Κατὰ τὴν συνεδρίασιν συνεζητήθησαν τὰ μέτρα τὰ ὁποῖα πρέπει νὰ ληφθοῦν ὑπὸ τῶν ἁρμοδίων ὑπηρεσιῶν διὰ τὴν ἐφαρμογὴν τῶν σχετικῶν διατάξεων καὶ τὴν ταχυτέραν διεκπεραίωσιν τῶν ὑποθέσεων. Ἐπίσης ἐξητάσθη τὸ ζήτημα τῆς χρηματοδοτήσεως τῶν ἔργων ὑπὸ τῶν τραπεζῶν καὶ τοῦ δημοσίου, ὡς καὶ ἡ συμμετοχὴ τῶν ἰδιωτῶν εἰς τὰς ἐπενδύσεις. ΑΘΗΝΑΙ, 4.— Ὁ ἀντιπρόεδρος τῆς κυβερνήσεως καὶ ὑπουργὸς ἐσωτερικῶν κ. Παττακὸς ἐδέχθη σήμερον τὸν ὑπουργὸν κ. Παπαδημητρίου καὶ τὸν γενικὸν γραμματέα. Ἀπεφασίσθη ὅπως ἡ ἐπιτροπὴ συνέλθῃ ἐκ νέου διὰ τὴν μελέτην τῶν θεμάτων τὰ ὁποῖα ἀφοροῦν εἰς τὴν προστασίαν τοῦ περιβάλλοντος καὶ τὴν

ΣΥΛΛΗΨΙΣ ΕΙΣ ΤΗΝ ΔΡΑΜΑΝ

ΑΘΗΝΑΙ, 4.— Ὁ ἀντιπρόεδρος τῆς κυβερνήσεως καὶ ὑπουργὸς ἐσωτερικῶν κ. Παττακὸς ἐδέχθη σήμερον τὸν ὑπουργὸν κ. Παπαδημητρίου καὶ τὸν γενικὸν γραμματέα. Ἀπεφασίσθη ὅπως ἡ ἐπιτροπὴ συνέλθῃ ἐκ νέου διὰ τὴν μελέτην τῶν θεμάτων τὰ ὁποῖα ἀφοροῦν εἰς τὴν προστασίαν τοῦ περιβάλλοντος καὶ τὴν ἀνάπτυξιν τῶν περιοχῶν. Κατὰ τὴν συνεδρίασιν συνεζητήθησαν τὰ μέτρα τὰ ὁποῖα πρέπει νὰ ληφθοῦν ὑπὸ τῶν ἁρμοδίων ὑπηρεσιῶν διὰ τὴν ἐφαρμογὴν τῶν σχετικῶν διατάξεων καὶ τὴν ταχυτέραν διεκπεραίωσιν τῶν ὑποθέσεων. Ἐπίσης ἐξητάσθη τὸ ζήτημα τῆς χρηματοδοτήσεως τῶν ἔργων ὑπὸ τῶν τραπεζῶν καὶ τοῦ δημοσίου, ὡς καὶ ἡ συμμετοχὴ τῶν ἰδιωτῶν εἰς τὰς ἐπενδύσεις. ΑΘΗΝΑΙ, 4.— Ὁ ἀντιπρόεδρος τῆς κυβερνήσεως καὶ ὑπουργὸς ἐσωτερικῶν κ. Παττακὸς ἐδέχθη σήμερον τὸν ὑπουργὸν κ. Παπαδημητρίου καὶ τὸν γενικὸν γραμματέα. Ἀπεφασίσθη ὅπως ἡ ἐπιτροπὴ συνέλθῃ ἐκ νέου διὰ τὴν μελέτην τῶν θεμάτων τὰ ὁποῖα ἀφοροῦν εἰς τὴν προστασίαν τοῦ περιβάλλοντος καὶ τὴν ἀνάπτυξιν τῶν περιοχῶν. Κατὰ τὴν συν

ΣΕΜΙΝΑΡΙΟΝ ΔΙ' ΑΓΡΟΤΟΝΕΑΝΙΔΑΣ

ΑΘΗΝΑΙ, 4.— Ὁ ἀντιπρόεδρος τῆς κυβερνήσεως καὶ ὑπουργὸς ἐσωτερικῶν κ. Παττακὸς ἐδέχθη σήμερον τὸν ὑπουργὸν κ. Παπαδημητρίου καὶ τὸν γενικὸν γραμματέα. Ἀπεφασίσθη ὅπως ἡ ἐπιτροπὴ συνέλθῃ ἐκ νέου διὰ τὴν μελέτην τῶν θεμάτων τὰ ὁποῖα ἀφοροῦν εἰς τὴν προστασίαν τοῦ περιβάλλοντος καὶ τὴν ἀνάπτυξιν τῶν περιοχῶν. Κατὰ τὴν συνεδρίασιν συνεζητήθησαν τὰ μέτρα τὰ ὁποῖα πρέπει νὰ ληφθοῦν ὑπὸ τῶν ἁρμοδίων ὑπηρεσιῶν διὰ τὴν ἐφαρμογὴν τῶν σχετικῶν διατάξεων καὶ τὴν ταχυτέραν διεκπεραίωσιν τῶν ὑποθέσεων. Ἐπίσης ἐξητάσθη τὸ ζήτημα τῆς χρηματοδοτήσεως τῶν ἔργων ὑπὸ τῶν τραπεζῶν καὶ τοῦ δημοσίου, ὡς καὶ ἡ συμμετοχὴ τῶν ἰδιωτῶν εἰς τὰς ἐπενδύσεις. ΑΘΗΝΑΙ, 4.— Ὁ ἀντιπρόεδρος τῆς κυβερνήσεως καὶ ὑπουργὸς ἐσωτερικῶν κ. Παττακὸς ἐδέχθη σήμερον τὸν ὑπουργὸν κ. Παπαδημητρίου καὶ τὸν γενικὸν γραμματέα. Ἀπεφασίσθη ὅπως ἡ ἐπιτροπὴ συνέλθῃ ἐκ νέου διὰ τὴν μελέτην τῶν θεμάτων τὰ ὁποῖα ἀφοροῦν εἰς τὴν προστασίαν τοῦ περιβάλλοντος καὶ τὴν ἀνάπτυξιν τῶν περιοχῶν. Κατὰ τὴν συνεδρίασιν συνεζητήθησαν τὰ μέτρα τὰ ὁπ

Η ΕΘΝΙΚΗ ΜΠΑΣΚΕΤ ΗΤΤΗΘΗ ΕΙΣ ΤΕΧΕΡΑΝΗΝ
ΣΥΝΕΧΕΙΑ ΕΚ ΤΗΣ 5ΗΣ ΣΕΛ.

ΑΘΗΝΑΙ, 4.— Ὁ ἀντιπρόεδρος τῆς κυβερνήσεως καὶ ὑπουργὸς ἐσωτερικῶν κ. Παττακὸς ἐδέχθη σήμερον τὸν ὑπουργὸν κ. Παπαδημητρίου καὶ τὸν γενικὸν γραμματέα. Ἀπεφασίσθη ὅπως ἡ ἐπιτροπὴ συνέλθῃ ἐκ νέου διὰ τὴν μελέτην τῶν θεμάτων τὰ ὁποῖα ἀφοροῦν εἰς τὴν προστασίαν τοῦ περιβάλλοντος καὶ τὴν ἀνάπτυξιν τῶν περιοχῶν. Κατὰ τὴν συνεδρίασιν συνεζητήθησαν τὰ μέτρα τὰ ὁποῖα πρέπει νὰ ληφθοῦν ὑπὸ τῶν ἁρμοδίων ὑπηρεσιῶν διὰ τὴν ἐφαρμογὴν τῶν σχετικῶν διατάξεων καὶ τὴν ταχυτέραν διεκπεραίωσιν τῶν ὑποθέσεων. Ἐπίσης ἐξητάσθη τὸ ζήτημα τῆς χρηματοδοτήσεως τῶν ἔργων ὑπὸ τῶν τραπεζῶν καὶ τοῦ δημοσίου, ὡς καὶ ἡ συμμετοχὴ τῶν ἰδιωτῶν εἰς τὰς ἐπενδύσεις. ΑΘΗΝΑΙ, 4.— Ὁ ἀντιπρόεδρος τῆς κυβερνήσεως καὶ ὑπουργὸς ἐσωτερικῶν κ. Παττακὸς ἐδέχθη σήμερον τὸν ὑπουργὸν κ. Παπαδημητρίου καὶ τὸν γενικὸν γραμματέα. Ἀπεφασίσθη ὅπως ἡ ἐπιτροπὴ συνέλθῃ ἐκ νέου

ΦΡΟΝΤΙΣΤΗΡΙΑ ΚΑΙ ΣΧΟΛΑΙ
ΑΝΩΤΑΤΗΣ ΕΚΠΑΙΔΕΥΣΕΩΣ

ΑΘΗΝΑΙ, 4.— Ὁ ἀντιπρόεδρος τῆς κυβερνήσεως καὶ ὑπουργὸς ἐσωτερικῶν κ. Παττακὸς ἐδέχθη σήμερον τὸν ὑπουργὸν κ. Παπαδημητρίου καὶ τὸν γενικὸν γραμματέα. Ἀπεφασίσθη ὅπως ἡ ἐπιτροπὴ συνέλθῃ ἐκ νέου διὰ τὴν μελέτην τῶν θεμάτων τὰ ὁποῖα ἀφοροῦν εἰς τὴν προστασίαν τοῦ περιβάλλοντος καὶ τὴν ἀνάπτυξιν τῶν περιοχῶν. Κατὰ τὴν συνεδρίασιν συνεζητήθησαν τὰ μέτρα τὰ ὁποῖα πρέπει νὰ ληφθοῦν ὑπὸ τῶν ἁρμοδίων ὑπηρεσιῶν διὰ τὴν ἐφαρμογὴν τῶν σχετικῶν διατάξεων καὶ τὴν ταχυτέραν διεκπεραίωσιν τῶν ὑποθέσεων. Ἐπίσης ἐξητάσθη τὸ ζήτημα τῆς χρηματοδοτήσεως τῶν ἔργων ὑπὸ τῶν τραπεζῶν καὶ τοῦ δημοσίου, ὡς καὶ ἡ συμμετοχὴ τῶν ἰδιωτῶν εἰς τὰς ἐπενδύσεις. ΑΘΗΝΑΙ, 4.— Ὁ ἀντιπρόεδρος τῆς κυβερνήσεως καὶ ὑπουργὸς ἐσωτερικῶν κ. Παττακὸς ἐδέχθη σήμερον τὸν ὑπουργὸν κ. Παπαδημητρίου καὶ τὸν γενικὸν γραμματέα. Ἀπεφασίσθη ὅπως ἡ ἐπιτροπὴ συνέλθῃ ἐκ νέου διὰ τὴν μελέτην τῶν θεμάτων τὰ ὁποῖα

ΛΟΓΙΣΤΙΚΑ

ΑΘΗΝΑΙ, 4.— Ὁ ἀντιπρόεδρος τῆς κυβερνήσεως καὶ ὑπουργὸς ἐσωτερικῶν κ. Παττακὸς ἐδέχθη σήμερον τὸν ὑπουργὸν κ. Παπαδημητρίου καὶ τὸν γενικὸν γραμματέα. Ἀπεφασίσθη ὅπως ἡ ἐπιτροπὴ συνέλθῃ ἐκ νέου διὰ τὴν μελέτην τῶν θεμάτων τὰ ὁποῖα ἀφοροῦν εἰς τὴν προστασίαν τοῦ περιβάλλοντος καὶ τὴν ἀνάπτυξιν τῶν περιοχῶν. Κατὰ τὴν συνεδρίασιν συνεζητήθησαν τὰ μέτρα τὰ ὁποῖα πρέπει νὰ ληφθοῦν ὑπὸ τῶν ἁρμοδίων ὑπηρεσιῶν διὰ τὴν ἐφαρμογὴν τῶν σχετικῶν διατάξεων καὶ τὴν ταχυτέραν διεκπεραίωσιν τῶν ὑποθέσεων. Ἐπίσης ἐξητάσθη τὸ ζήτημα τῆς χρηματοδοτήσεως τῶν ἔργων ὑπὸ τῶν τραπεζῶν καὶ τοῦ δημοσίου, ὡς καὶ ἡ συμμετοχὴ τῶν ἰδιωτῶν εἰς τὰς ἐπενδύσεις. ΑΘΗΝΑΙ, 4.— Ὁ ἀντιπρόεδρος τῆς κυβερνήσεως καὶ ὑπουργὸς ἐσωτερικῶν κ. Παττακὸς ἐδέχθη σήμερον τὸν ὑπουργὸν κ. Παπαδημητρίου καὶ τὸν γενικὸν γραμματέα. Ἀπεφασίσθη ὅπως ἡ ἐπιτροπὴ συνέλθῃ ἐκ νέου διὰ τὴν μελέτην τῶν θεμάτων τὰ ὁποῖα ἀφοροῦν εἰς τὴν προστασίαν τοῦ περιβά

ΒΡΑΔΙΑ ΚΑΝΤΑΔΑΣ

ΑΘΗΝΑΙ, 4.— Ὁ ἀντιπρόεδρος τῆς κυβερνήσεως καὶ ὑπουργὸς ἐσωτερικῶν κ. Παττακὸς ἐδέχθη σήμερον τὸν ὑπουργὸν κ. Παπαδημητρίου καὶ τὸν γενικὸν γραμματέα. Ἀπεφασίσθη ὅπως ἡ ἐπιτροπὴ συνέλθῃ ἐκ νέου διὰ τὴν μελέτην τῶν θεμάτων τὰ ὁποῖα ἀφοροῦν εἰς τὴν προστασίαν τοῦ περιβάλλοντος καὶ τὴν ἀνάπτυξιν τῶν περιοχῶν. Κατὰ τὴν συνεδρίασιν συνεζητήθησαν τὰ μέτρα τὰ ὁποῖα πρέπει νὰ ληφθοῦν ὑπὸ τῶν ἁρμοδίων ὑπηρεσιῶν διὰ τὴν ἐφαρμογὴν τῶν σχετικῶν διατάξεων καὶ τὴν ταχυτέραν διεκπεραίωσιν τῶν ὑποθέσεων. Ἐπίσης ἐξητάσθη τὸ ζήτημα τῆς χρηματοδοτήσεως τῶν ἔργων ὑπὸ τῶν τραπεζῶν καὶ τοῦ δημοσίου, ὡς καὶ ἡ συμμετοχὴ τῶν ἰδιωτῶν εἰς τὰς ἐπενδύσεις. ΑΘΗΝΑΙ, 4.— Ὁ ἀντιπρόεδρος τῆς κυβερνήσεως καὶ ὑπουργὸς ἐσωτερικῶν κ. Παττακὸς ἐδέχθη σήμερον τὸν ὑπουργὸν κ. Παπαδημητρίου καὶ τὸν γενικὸν γραμματέα. Ἀπεφασίσθη ὅπως ἡ ἐπιτροπὴ συνέλθῃ ἐκ νέου διὰ τὴν μελέτην τῶν θεμάτων τὰ ὁποῖα ἀφοροῦν εἰς τὴν προστασίαν τοῦ περιβάλλοντος καὶ τὴν ἀνάπτυξιν τῶν περιοχῶ

ΚΑΘΟΡΙΣΘΗ ΔΙ' ΥΠΟΥΡΓΙΚΗΣ ΑΠΟΦΑΣΕΩΣ Ο ΤΡΟΠΟΣ ΑΝΑΓΝΩΡΙΣΕΩΣ ΠΡΟΫΠΗΡΕΣΙΑΣ ΤΩΝ ΥΠΑΛΛΗΛΩΝ ΤΟΥ ΔΗΜΟΣΙΟΥ ΚΑΙ ΝΠΔΔ

ΑΘΗΝΑΙ, 4.— Ὁ ἀντιπρόεδρος τῆς κυβερνήσεως καὶ ὑπουργὸς ἐσωτερικῶν κ. Παττακὸς ἐδέχθη σήμερον τὸν ὑπουργὸν κ. Παπαδημητρίου καὶ τὸν γενικὸν γραμματέα. Ἀπεφασίσθη ὅπως ἡ ἐπιτροπὴ συνέλθῃ ἐκ νέου διὰ τὴν μελέτην τῶν θεμάτων τὰ ὁποῖα ἀφοροῦν εἰς τὴν προστασίαν τοῦ περιβάλλοντος καὶ τὴν ἀνάπτυξιν τῶν περιοχῶν. Κατὰ τὴν συνεδρίασιν συνεζητήθησαν τὰ μέτρα τὰ ὁποῖα πρέπει νὰ ληφθοῦν ὑπὸ τῶν ἁρμοδίων ὑπηρεσιῶν διὰ τὴν ἐφαρμογὴν τῶν σχετικῶν διατάξεων καὶ τὴν ταχυτέραν διεκπεραίωσιν τῶν ὑποθέσεων. Ἐπίσης ἐξητάσθη τὸ ζήτημα τῆς χρηματοδοτήσεως τῶν ἔργων ὑπὸ τῶν τραπεζῶν καὶ τοῦ δημοσίου, ὡς καὶ ἡ συμμετοχὴ τῶν ἰδιωτῶν εἰς τὰς ἐπενδύσεις. ΑΘΗΝΑΙ, 4.— Ὁ ἀντιπρόεδρος τῆς κυβερνήσεως καὶ ὑπουργὸς ἐσωτερικῶν κ. Παττακὸς ἐδέχθη σήμερον τὸν ὑπουργὸν κ. Παπαδημητρίου καὶ τὸν γενικὸν γραμματέα. Ἀπεφασίσθη ὅπως ἡ ἐπιτροπὴ συνέλθῃ ἐκ νέου διὰ τὴν μελέτην τῶν θεμάτων τὰ ὁποῖα ἀφοροῦν εἰς τὴν προστασίαν τοῦ περιβάλλοντος καὶ τὴν ἀνάπτυξιν τῶν περιοχῶν. Κατὰ τὴν συνεδρίασιν συνεζητήθησαν

ΑΘΗΝΑΙ, 4.— Ὁ ἀντιπρόεδρος τῆς κυβερνήσεως καὶ ὑπουργὸς ἐσωτερικῶν κ. Παττακὸς ἐδέχθη σήμερον τὸν ὑπουργὸν κ. Παπαδημητρίου καὶ τὸν γενικὸν γραμματέα. Ἀπεφασίσθη ὅπως ἡ ἐπιτροπὴ συνέλθῃ ἐκ νέου διὰ τὴν μελέτην τῶν θεμάτων τὰ ὁποῖα ἀφοροῦν εἰς τὴν προστασίαν τοῦ περιβάλλοντος καὶ τὴν ἀνάπτυξιν τῶν περιοχῶν. Κατὰ τὴν συνεδρίασιν συνεζητήθησαν τὰ μέτρα τὰ ὁποῖα πρέπει νὰ ληφθοῦν ὑπὸ τῶν ἁρμοδίων ὑπηρεσιῶν διὰ τὴν ἐφαρμογὴν τῶν σχετικῶν διατάξεων καὶ τὴν ταχυτέραν διεκπεραίωσιν τῶν ὑποθέσεων. Ἐπίσης ἐξητάσθη τὸ ζήτημα τῆς χρηματοδοτήσεως τῶν ἔργων ὑπὸ τῶν τραπεζῶν καὶ τοῦ δημοσίου, ὡς καὶ ἡ συμμετοχὴ τῶν ἰδιωτῶν εἰς τὰς ἐπενδύσεις. ΑΘΗΝΑΙ, 4.— Ὁ ἀντιπρόεδρος τῆς κυβερνήσεως καὶ ὑπουργὸς ἐσωτερικῶν κ. Παττακὸς ἐδέχθη σήμερον τὸν ὑπουργὸν κ. Παπαδημητρίου καὶ τὸν γενικὸν γραμματέα. Ἀπεφασίσθη ὅπως ἡ ἐπιτροπὴ συνέλθῃ ἐκ νέου διὰ τὴν μελέτην τῶν θεμάτων τὰ ὁποῖα ἀφοροῦν εἰς τὴν προστασίαν τοῦ περιβάλλοντος καὶ τὴν ἀνάπτυξιν τῶν περιοχῶν. Κατὰ τὴν συνεδρίασιν συνεζητήθησαν τὰ μέτρα τὰ ὁποῖα πρέπει νὰ ληφθοῦν

ΑΘΗΝΑΙ, 4.— Ὁ ἀντιπρόεδρος τῆς κυβερνήσεως καὶ ὑπουργὸς ἐσωτερικῶν κ. Παττακὸς ἐδέχθη σήμερον τὸν ὑπουργὸν κ. Παπαδημητρίου καὶ τὸν γενικὸν γραμματέα. Ἀπεφασίσθη ὅπως ἡ ἐπιτροπὴ συνέλθῃ ἐκ νέου διὰ τὴν μελέτην τῶν θεμάτων τὰ ὁποῖα ἀφοροῦν εἰς τὴν προστασίαν τοῦ περιβάλλοντος καὶ τὴν ἀνάπτυξιν τῶν περιοχῶν. Κατὰ τὴν συνεδρίασιν συνεζητήθησαν τὰ μέτρα τὰ ὁποῖα πρέπει νὰ ληφθοῦν ὑπὸ τῶν ἁρμοδίων ὑπηρεσιῶν διὰ τὴν ἐφαρμογὴν τῶν σχετικῶν διατάξεων καὶ τὴν ταχυτέραν διεκπεραίωσιν τῶν ὑποθέσεων. Ἐπίσης ἐξητάσθη τὸ ζήτημα τῆς χρηματοδοτήσεως τῶν ἔργων ὑπὸ τῶν τραπεζῶν καὶ τοῦ δημοσίου, ὡς καὶ ἡ συμμετοχὴ τῶν ἰδιωτῶν εἰς τὰς ἐπενδύσεις. ΑΘΗΝΑΙ, 4.— Ὁ ἀντιπρόεδρος τῆς κυβερνήσεως καὶ ὑπουργὸς ἐσωτερικῶν κ. Παττακὸς ἐδέχθη σήμερον τὸν ὑπουργὸν κ. Παπαδημητρίου καὶ τὸν γενικὸν γραμματέα. Ἀπεφασίσθη ὅπως ἡ ἐπιτροπὴ συνέλθῃ ἐκ νέου διὰ τὴν μελέτην τῶν θε

ΑΘΗΝΑΙ, 4.— Ὁ ἀντιπρόεδρος τῆς κυβερνήσεως καὶ ὑπουργὸς ἐσωτερικῶν κ. Παττακὸς ἐδέχθη σήμερον τὸν ὑπουργὸν κ. Παπαδημητρίου καὶ τὸν γενικὸν γραμματέα. Ἀπεφασίσθη ὅπως ἡ ἐπιτροπὴ συνέλθῃ ἐκ νέου διὰ τὴν μελέτην τῶν θεμάτων τὰ ὁποῖα ἀφοροῦν εἰς τὴν προστασίαν τοῦ περιβάλλοντος καὶ τὴν ἀνάπτυξιν τῶν περιοχῶν. Κατὰ τὴν συνεδρίασιν συνεζητήθησαν τὰ μέτρα τὰ ὁποῖα πρέπει νὰ ληφθοῦν ὑπὸ τῶν ἁρμοδίων ὑπηρεσιῶν διὰ τὴν ἐφαρμογὴν τῶν σχετικῶν διατάξεων καὶ τὴν ταχυτέραν διεκπεραίωσιν τῶν ὑποθέσεων. Ἐπίσης ἐξητάσθη τὸ ζήτημα τῆς χρηματοδοτήσεως τῶν ἔργων ὑπὸ τῶν τραπεζῶν καὶ τοῦ δημοσίου, ὡς καὶ ἡ συμμετοχὴ τῶν ἰδιωτῶν εἰς τὰς ἐπενδύσεις. ΑΘΗΝΑΙ, 4.— Ὁ ἀντιπρόεδρος τῆς κυβερνήσεως καὶ ὑπουργὸς ἐσωτερικῶν κ. Παττακὸς ἐδέχθη σήμερον τὸν ὑπουργὸν κ. Παπαδημητρίου καὶ τὸν γενικὸν γραμματέα. Ἀπεφασίσθη ὅπως ἡ ἐπιτροπὴ συνέλθῃ ἐκ νέου διὰ τὴν μελέτην τῶν θεμάτων τὰ ὁποῖα ἀφοροῦν εἰς τὴν προστα

ΑΘΗΝΑΙ, 4.— Ὁ ἀντιπρόεδρος τῆς κυβερνήσεως καὶ ὑπουργὸς ἐσωτερικῶν κ. Παττακὸς ἐδέχθη σήμερον τὸν ὑπουργὸν κ. Παπαδημητρίου καὶ τὸν γενικὸν γραμματέα. Ἀπεφασίσθη ὅπως ἡ ἐπιτροπὴ συνέλθῃ ἐκ νέου διὰ τὴν μελέτην τῶν θεμάτων τὰ ὁποῖα ἀφοροῦν εἰς τὴν προστασίαν τοῦ περιβάλλοντος καὶ τὴν ἀνάπτυξιν τῶν περιοχῶν. Κατὰ τὴν συνεδρίασιν συνεζητήθησαν τὰ μέτρα τὰ ὁποῖα πρέπει νὰ ληφθοῦν ὑπὸ τῶν ἁρμοδίων ὑπηρεσιῶν διὰ τὴν ἐφαρμογὴν τῶν σχετικῶν διατάξεων καὶ τὴν ταχυτέραν διεκπεραίωσιν τῶν ὑποθέσεων. Ἐπίσης ἐξητάσθη τὸ ζήτημα τῆς χρηματοδοτήσεως τῶν ἔργων ὑπὸ τῶν τραπεζῶν καὶ τοῦ δημοσίου, ὡς καὶ ἡ συμμετοχὴ τῶν ἰδιωτῶν εἰς τὰς ἐπενδύσεις. ΑΘΗΝΑΙ, 4.— Ὁ ἀντιπρόεδρος τῆς κυβερνήσεως καὶ ὑπουργὸς ἐσωτερικῶν κ. Παττακὸς ἐδέχθη σήμερον τὸν ὑπουργὸν κ. Παπαδημητρίου καὶ τὸν γενικὸν γραμματέα. Ἀπεφασίσθη ὅπως ἡ ἐπιτροπὴ συνέλθῃ ἐκ νέου διὰ τὴν μελέτην τῶν θεμάτων τὰ ὁποῖα ἀφοροῦν εἰς τὴν προστασίαν τοῦ περιβάλλοντος καὶ τὴν ἀνάπτυ

ΕΙΣ ΤΗΝ ΟΛΟΜΕΛΕΙΑΝ ΤΟΥ ΑΡΕΙΟΥ ΠΑΓΟΥ ΘΑ ΣΥΖΗΤΗΘΟΥΝ ΑΙ ΑΙΤΗΣΕΙΣ ΑΝΑΙΡΕΣΕΩΣ ΔΙΑ ΤΟ ΘΕΜΑ ΤΩΝ ΑΠΟΛΥΘΕΝΤΩΝ ΔΙΚΑΣΤΩΝ

ΑΘΗΝΑΙ, 4.— Ὁ ἀντιπρόεδρος τῆς κυβερνήσεως καὶ ὑπουργὸς ἐσωτερικῶν κ. Παττακὸς ἐδέχθη σήμερον τὸν ὑπουργὸν κ. Παπαδημητρίου καὶ τὸν γενικὸν γραμματέα. Ἀπεφασίσθη ὅπως ἡ ἐπιτροπὴ συνέλθῃ ἐκ νέου διὰ τὴν μελέτην τῶν θεμάτων τὰ ὁποῖα ἀφοροῦν εἰς τὴν προστασίαν τοῦ περιβάλλοντος καὶ τὴν ἀνάπτυξιν τῶν περιοχῶν. Κατὰ τὴν συνεδρίασιν συνεζητήθησαν τὰ μέτρα τὰ ὁποῖα πρέπει νὰ ληφθοῦν ὑπὸ τῶν ἁρμοδίων ὑπηρεσιῶν διὰ τὴν ἐφαρμογὴν τῶν σχετικῶν διατάξεων καὶ τὴν ταχυτέραν διεκπεραίωσιν τῶν ὑποθέσεων. Ἐπίσης ἐξητάσθη τὸ ζήτημα τῆς χρηματοδοτήσεως τῶν ἔργων ὑπὸ τῶν τραπεζῶν καὶ τοῦ δημοσίου, ὡς καὶ ἡ συμμετοχὴ τῶν ἰδιωτῶν εἰς τὰς ἐπενδύσεις. ΑΘΗΝΑΙ, 4.— Ὁ ἀντιπρόεδρος τῆς κυβερνήσεως καὶ ὑπουργὸς ἐσωτερικῶν κ. Παττακὸς ἐδέχθη σήμερον τὸν ὑπουργὸν κ. Παπαδημητρίου καὶ τὸν γενικὸν γραμματέα. Ἀπεφασίσθη ὅπως ἡ ἐπιτροπὴ συνέλθῃ ἐκ νέου διὰ τὴν μελέτην τῶν θεμάτων τὰ ὁποῖα ἀφοροῦν εἰς τὴν προστασίαν τοῦ περιβάλλοντος καὶ τὴν ἀνάπτυξιν τῶν περιοχῶν. Κατὰ τὴν συνεδρίασι

ΑΘΗΝΑΙ, 4.— Ὁ ἀντιπρόεδρος τῆς κυβερνήσεως καὶ ὑπουργὸς ἐσωτερικῶν κ. Παττακὸς ἐδέχθη σήμερον τὸν ὑπουργὸν κ. Παπαδημητρίου καὶ τὸν γενικὸν γραμματέα. Ἀπεφασίσθη ὅπως ἡ ἐπιτροπὴ συνέλθῃ ἐκ νέου διὰ τὴν μελέτην τῶν θεμάτων τὰ ὁποῖα ἀφοροῦν εἰς τὴν προστασίαν τοῦ περιβάλλοντος καὶ τὴν ἀνάπτυξιν τῶν περιοχῶν. Κατὰ τὴν συνεδρίασιν συνεζητήθησαν τὰ μέτρα τὰ ὁποῖα πρέπει νὰ ληφθοῦν ὑπὸ τῶν ἁρμοδίων ὑπηρεσιῶν διὰ τὴν ἐφαρμογὴν τῶν σχετικῶν διατάξεων καὶ τὴν ταχυτέραν διεκπεραίωσιν τῶν ὑποθέσεων. Ἐπίσης ἐξητάσθη τὸ ζήτημα τῆς χρηματοδοτήσεως τῶν ἔργων ὑπὸ τῶν τραπεζῶν καὶ τοῦ δημοσίου, ὡς καὶ ἡ συμμετοχὴ τῶν ἰδιωτῶν εἰς τὰς ἐπενδύσεις. ΑΘΗΝΑΙ, 4.— Ὁ ἀντιπρόεδρος τῆς κυβερνήσεως καὶ ὑπουργὸς ἐσωτερικῶν κ. Παττακὸς ἐδέχθη σήμερον τὸν ὑπουργὸν κ. Παπαδημητρίου καὶ τὸν γενικὸν γραμματέα. Ἀπεφασίσθη ὅπως ἡ ἐπιτροπὴ συνέλθῃ ἐκ νέου διὰ τὴν μελέτην τῶν θεμάτων τὰ ὁποῖα ἀφοροῦν εἰς τὴν προστασίαν τοῦ περιβάλλοντος καὶ τὴν ἀνάπτυξιν τῶν περιοχῶν. Κατὰ τὴν συνεδρίασιν συνεζητήθησαν τὰ μέτρα τὰ ὁποῖα πρέ

ΑΘΗΝΑΙ, 4.— Ὁ ἀντιπρόεδρος τῆς κυβερνήσεως καὶ ὑπουργὸς ἐσωτερικῶν κ. Παττακὸς ἐδέχθη σήμερον τὸν ὑπουργὸν κ. Παπαδημητρίου καὶ τὸν γενικὸν γραμματέα. Ἀπεφασίσθη ὅπως ἡ ἐπιτροπὴ συνέλθῃ ἐκ νέου διὰ τὴν μελέτην τῶν θεμάτων τὰ ὁποῖα ἀφοροῦν εἰς τὴν προστασίαν τοῦ περιβάλλοντος καὶ τὴν ἀνάπτυξιν τῶν περιοχῶν. Κατὰ τὴν συνεδρίασιν συνεζητήθησαν τὰ μέτρα τὰ ὁποῖα πρέπει νὰ ληφθοῦν ὑπὸ τῶν ἁρμοδίων ὑπηρεσιῶν διὰ τὴν ἐφαρμογὴν τῶν σχετικῶν διατάξεων καὶ τὴν ταχυτέραν διεκπεραίωσιν τῶν ὑποθέσεων. Ἐπίσης ἐξητάσθη τὸ ζήτημα τῆς χρηματοδοτήσεως τῶν ἔργων ὑπὸ τῶν τραπεζῶν καὶ τοῦ δημοσίου, ὡς καὶ ἡ συμμετοχὴ τῶν ἰδιωτῶν εἰς τὰς ἐπενδύσεις. ΑΘΗΝΑΙ, 4.— Ὁ ἀντιπρόεδρος τῆς κυβερνήσεως καὶ ὑπουργὸς ἐσωτερικῶν κ. Παττακὸς ἐδέχθη σήμερον τὸν ὑπουργὸν κ. Παπαδημητρίου καὶ τὸν γενικὸν γραμματέα. Ἀπεφασίσθη ὅπως ἡ ἐπιτροπὴ συνέλθῃ ἐκ νέου διὰ τὴν

ΚΑΙ ΕΙΣ ΑΛΛΑΣ ΞΕΝΑΣ ΕΤΑΙΡΕΙΑΣ ΕΧΟΡΗΓΗΘΗ ΑΔΕΙΑ ΔΙΑ ΤΗΝ ΕΓΚΑΤΑΣΤΑΣΙΝ ΓΡΑΦΕΙΩΝ ΕΙΣ ΤΗΝ ΕΛΛΑΔΑ

ΑΘΗΝΑΙ, 4.— Ὁ ἀντιπρόεδρος τῆς κυβερνήσεως καὶ ὑπουργὸς ἐσωτερικῶν κ. Παττακὸς ἐδέχθη σήμερον τὸν ὑπουργὸν κ. Παπαδημητρίου καὶ τὸν γενικὸν γραμματέα. Ἀπεφασίσθη ὅπως ἡ ἐπιτροπὴ συνέλθῃ ἐκ νέου διὰ τὴν μελέτην τῶν θεμάτων τὰ ὁποῖα ἀφοροῦν εἰς τὴν προστασίαν τοῦ περιβάλλοντος καὶ τὴν ἀνάπτυξιν τῶν περιοχῶν. Κατὰ τὴν συνεδρίασιν συνεζητήθησαν τὰ μέτρα τὰ ὁποῖα πρέπει νὰ ληφθοῦν ὑπὸ τῶν ἁρμοδίων ὑπηρεσιῶν διὰ τὴν ἐφαρμογὴν τῶν σχετικῶν διατάξεων καὶ τὴν ταχυτέραν διεκπεραίωσιν τῶν ὑποθέσεων. Ἐπίσης ἐξητάσθη τὸ ζήτημα τῆς χρηματοδοτήσεως τῶν ἔργων ὑπὸ τῶν τραπεζῶν καὶ τοῦ δημοσίου, ὡς καὶ ἡ συμμετοχὴ τῶν ἰδιωτῶν εἰς τὰς ἐπενδύσεις. ΑΘΗΝΑΙ, 4.— Ὁ ἀντιπρόεδρος τῆς κυβερνήσεως καὶ ὑπουργὸς ἐσωτερικῶν κ. Παττακὸς ἐδέχθη σήμερον τὸν ὑπουργὸν κ. Παπαδημητρίου καὶ τὸν γενικὸν γραμματέα. Ἀπεφασίσθη ὅπως ἡ ἐπιτροπὴ συνέλθῃ ἐκ νέου διὰ τὴν μελέτην τῶν θεμάτων τὰ ὁποῖα ἀφοροῦν

Η ΤΙΜΗ ΤΟΥ ΕΙΣΑΓΟΜΕΝΟΥ ΣΥΝΑΛΛΑΓΜΑΤΟΣ ΠΡΟΟΡΙΖΟΜΕΝΟΥ ΔΙ' ΑΓΟΡΑΝ ΟΜΟΛΟΓΙΩΝ

ΑΘΗΝΑΙ, 4.— Ὁ ἀντιπρόεδρος τῆς κυβερνήσεως καὶ ὑπουργὸς ἐσωτερικῶν κ. Παττακὸς ἐδέχθη σήμερον τὸν ὑπουργὸν κ. Παπαδημητρίου καὶ τὸν γενικὸν γραμματέα. Ἀπεφασίσθη ὅπως ἡ ἐπιτροπὴ συνέλθῃ ἐκ νέου διὰ τὴν μελέτην τῶν θεμάτων τὰ ὁποῖα ἀφοροῦν εἰς τὴν προστασίαν τοῦ περιβάλλοντος καὶ τὴν ἀνάπτυξιν τῶν περιοχῶν. Κατὰ τὴν συνεδρίασιν συνεζητήθησαν τὰ μέτρα τὰ ὁποῖα πρέπει νὰ ληφθοῦν ὑπὸ τῶν ἁρμοδίων ὑπηρεσιῶν διὰ τὴν ἐφαρμογὴν τῶν σχετικῶν διατάξεων καὶ τὴν ταχυτέραν διεκπεραίωσιν τῶν ὑποθέσεων. Ἐπίσης ἐξητάσθη τὸ ζήτημα τῆς χρηματοδοτήσεως τῶν ἔργων ὑπὸ τῶν τραπεζῶν καὶ τοῦ δημοσίου, ὡς καὶ ἡ συμμετοχὴ τῶν ἰδιωτῶν εἰς τὰς ἐπενδύσεις. ΑΘΗΝΑΙ, 4.— Ὁ ἀντιπρόεδρος τῆς κυβερνήσεως καὶ ὑπουργὸς ἐσωτερικῶν κ. Παττακὸς ἐδέχθη σήμερον τὸν ὑπουργὸν κ. Παπαδημητρίου καὶ τὸν γενικὸν γραμματέα. Ἀπεφασίσθη ὅπως ἡ ἐπιτροπὴ συνέλθῃ ἐκ νέου διὰ τὴν μελέτην τῶν θεμάτων τὰ ὁποῖα ἀφοροῦν εἰς τὴν προστασίαν τοῦ περιβάλλοντος

ΜΕΤΕΦΕΡΘΗΣΑΝ ΕΙΣ ΚΩΝΣΤΑΝΤΙΝΟΥΠΟΛΙΝ ΔΙ' ΑΝΑΚΡΙΣΙΝ Ο ΔΥΟ ΡΩΣΟΙ ΑΕΡΟΠΕΙΡΑΤΑΙ
ΣΥΝΕΧΕΙΑ ΕΚ ΤΗΣ ΣΕΛ.

ΑΘΗΝΑΙ, 4.— Ὁ ἀντιπρόεδρος τῆς κυβερνήσεως καὶ ὑπουργὸς ἐσωτερικῶν κ. Παττακὸς ἐδέχθη σήμερον τὸν ὑπουργὸν κ. Παπαδημητρίου καὶ τὸν γενικὸν γραμματέα. Ἀπεφασίσθη ὅπως ἡ ἐπιτροπὴ συνέλθῃ ἐκ νέου διὰ τὴν μελέτην τῶν θεμάτων τὰ ὁποῖα ἀφοροῦν εἰς τὴν προστασίαν τοῦ περιβάλλοντος καὶ τὴν ἀνάπτυξιν τῶν περιοχῶν. Κατὰ τὴν συνεδρίασιν συνεζητήθησαν τὰ μέτρα τὰ ὁποῖα πρέπει νὰ ληφθοῦν ὑπὸ τῶν ἁρμοδίων ὑπηρεσιῶν διὰ τὴν ἐφαρμογὴν τῶν σχετικῶν διατάξεων καὶ τὴν ταχυτέραν διεκπεραίωσιν τῶν ὑποθέσεων. Ἐπίσης ἐξητάσθη τὸ ζήτημα τῆς χρηματοδοτήσεως τῶν ἔργων ὑπὸ τῶν τραπεζῶν καὶ τοῦ δημοσίου, ὡς καὶ ἡ συμμετοχὴ τῶν ἰδιωτῶν εἰς τὰς ἐπενδύσεις. ΑΘΗΝΑΙ, 4.— Ὁ ἀντιπρόεδρος τῆς κυβερνήσεως καὶ ὑπουργὸς ἐσωτερικῶν κ. Παττακὸς ἐδέχθη σήμερον τὸν ὑπουργὸν κ. Παπαδημητρίου καὶ τὸν γενικὸν γραμματέα. Ἀπεφασίσθη ὅπως ἡ ἐπιτροπὴ συνέλθῃ ἐκ νέου διὰ τὴν μελέτην τῶν θεμάτων τὰ ὁποῖα ἀφοροῦν εἰς τὴν προστασίαν τοῦ περιβάλλοντος καὶ τὴν ἀνάπτυξιν τῶν περιοχῶν. Κατὰ

ΟΙ ΝΕΑΡΟΙ ΑΕΡΟΠΕΙΡΑΤΑΙ

ΑΘΗΝΑΙ, 4.— Ὁ ἀντιπρόεδρος τῆς κυβερνήσεως καὶ ὑπουργὸς ἐσωτερικῶν κ. Παττακὸς ἐδέχθη σήμερον τὸν ὑπουργὸν κ. Παπαδημητρίου καὶ τὸν γενικὸν γραμματέα. Ἀπεφασίσθη ὅπως ἡ ἐπιτροπὴ συνέλθῃ ἐκ νέου διὰ τὴν μελέτην τῶν θεμάτων τὰ ὁποῖα ἀφοροῦν εἰς τὴν προστασίαν τοῦ περιβάλλοντος καὶ τὴν ἀνάπτυξιν τῶν περιοχῶν. Κατὰ τὴν συνεδρίασιν συνεζητήθησαν τὰ μέτρα τὰ ὁποῖα πρέπει νὰ ληφθοῦν ὑπὸ τῶν ἁρμοδίων ὑπηρεσιῶν διὰ τὴν ἐφαρμογὴν τῶν σχετικῶν διατάξεων καὶ τὴν ταχυτέραν διεκπεραίωσιν τῶν ὑποθέσεων. Ἐπίσης ἐξητάσθη τὸ ζήτημα τῆς χρηματοδοτήσεως τῶν ἔργων ὑπὸ τῶν τραπεζῶν καὶ τοῦ δημοσίου, ὡς καὶ ἡ συμμετοχὴ τῶν ἰδιωτῶν εἰς τὰς ἐπενδύσεις. ΑΘΗΝΑΙ, 4.— Ὁ ἀντιπρόεδρος τῆς κυβερνήσεως καὶ ὑπουργὸς ἐσωτερικῶν κ. Παττακὸς ἐδέχθη σήμερον τὸν ὑπουργὸν κ. Παπαδημητρίου καὶ τὸν γενικὸν γραμματέα. Ἀπεφασίσθη ὅπως ἡ ἐπιτροπὴ συνέλθῃ ἐκ νέου διὰ τὴν μελέτην τῶν θεμάτων τὰ ὁποῖα ἀφοροῦν εἰς τὴν προστασίαν τοῦ περιβάλλοντος καὶ τὴν ἀνάπτυξιν τῶν περιοχῶν. Κατὰ τὴν συνεδρίασιν συνεζητήθησαν τὰ μέτ

ΤΟ ΧΡΗΜΑΤΙΣΤΗΡΙΟΝ ΤΩΝ ΕΜΠΟΡΕΥΜΑΤΩΝ

ΑΘΗΝΑΙ, 4.— Ὁ ἀντιπρόεδρος τῆς κυβερνήσεως καὶ ὑπουργὸς ἐσωτερικῶν κ. Παττακὸς ἐδέχθη σήμερον τὸν ὑπουργὸν κ. Παπαδημητρίου καὶ τὸν γενικὸν γραμματέα. Ἀπεφασίσθη ὅπως ἡ ἐπιτροπὴ συνέλθῃ ἐκ νέου διὰ τὴν μελέτην τῶν θεμάτων τὰ ὁποῖα ἀφοροῦν εἰς τὴν προστασίαν τοῦ περιβάλλοντος καὶ τὴν ἀνάπτυξιν τῶν περιοχῶν. Κατὰ τὴν συνεδρίασιν συνεζητήθησαν τὰ μέτρα τὰ ὁποῖα πρέπει νὰ ληφθοῦν ὑπὸ τῶν ἁρμοδίων ὑπηρεσιῶν διὰ τὴν ἐφαρμογὴν τῶν σχετικῶν διατάξεων καὶ τὴν ταχυτέραν διεκπεραίωσιν τῶν ὑποθέσεων. Ἐπίσης ἐξητάσθη τὸ ζήτημα τῆς χρηματοδοτήσεως τῶν ἔργων ὑπὸ τῶν τραπεζῶν καὶ τοῦ δημοσίου, ὡς καὶ ἡ συμμετοχὴ τῶν ἰδιωτῶν εἰς τὰς ἐπενδύσεις. ΑΘΗΝΑΙ, 4.— Ὁ ἀντιπρόεδρος τῆς κυβερνήσεως καὶ ὑπουργὸς ἐσωτερικῶν κ. Παττακὸς ἐδέχθη σήμερον τὸν ὑπουργὸν κ. Παπαδημητρίου καὶ τὸν γενικὸν γραμματέα. Ἀπεφασίσθη ὅπως ἡ ἐπιτροπὴ συνέλθῃ

ΑΘΗΝΑΙ, 4.— Ὁ ἀντιπρόεδρος τῆς κυβερνήσεως καὶ ὑπουργὸς ἐσωτερικῶν κ. Παττακὸς ἐδέχθη σήμερον τὸν ὑπουργὸν κ. Παπαδημητρίου καὶ τὸν γενικὸν γραμματέα. Ἀπεφασίσθη ὅπως ἡ ἐπιτροπὴ συνέλθῃ ἐκ νέου διὰ τὴν μελέτην τῶν θεμάτων τὰ ὁποῖα ἀφοροῦν εἰς τὴν προστασίαν τοῦ περιβάλλοντος καὶ τὴν ἀνάπτυξιν τῶν περιοχῶν. Κατὰ τὴν συνεδρίασιν συνεζητήθησαν τὰ μέτρα τὰ ὁποῖα πρέπει νὰ ληφθοῦν ὑπὸ τῶν ἁρμοδίων ὑπηρεσιῶν διὰ τὴν ἐφαρμογὴν τῶν σχετικῶν διατάξεων καὶ τὴν ταχυτέραν διεκπεραίωσιν τῶν ὑποθέσεων. Ἐπίσης ἐξητάσθη τὸ ζήτημα τῆς χρηματοδοτήσεως τῶν ἔργων ὑπὸ τῶν τραπεζῶν καὶ τοῦ δημοσίου, ὡς καὶ ἡ συμμετοχὴ τῶν ἰδιωτῶν εἰς τὰς ἐπενδύσεις. ΑΘΗΝΑΙ, 4.— Ὁ ἀντιπρόεδρος τῆς κυβερνήσεως καὶ ὑπουργὸς ἐσωτερικῶν κ. Παττακὸς ἐδέχθη σήμερον τὸν ὑπουργὸν κ. Παπαδημητρίου καὶ τὸν γενικὸν γραμματέα. Ἀπεφασίσθη ὅπως ἡ ἐπιτροπὴ συνέλθῃ ἐκ νέου διὰ τὴν μελέτην τῶν θεμάτων τ

Ο ΤΡΟΠΟΣ ΠΛΗΡΩΜΗΣ ΟΡΓΑΝΙΣΜΩΝ ΚΑΙ ΣΩΜΑΤΕΙΩΝ ΑΠΟ ΔΗΜΟΣΙΑ ΤΑΜΕΙΑ

ΑΘΗΝΑΙ, 4.— Ὁ ἀντιπρόεδρος τῆς κυβερνήσεως καὶ ὑπουργὸς ἐσωτερικῶν κ. Παττακὸς ἐδέχθη σήμερον τὸν ὑπουργὸν κ. Παπαδημητρίου καὶ τὸν γενικὸν γραμματέα. Ἀπεφασίσθη ὅπως ἡ ἐπιτροπὴ συνέλθῃ ἐκ νέου διὰ τὴν μελέτην τῶν θεμάτων τὰ ὁποῖα ἀφοροῦν εἰς τὴν προστασίαν τοῦ περιβάλλοντος καὶ τὴν ἀνάπτυξιν τῶν περιοχῶν. Κατὰ τὴν συνεδρίασιν συνεζητήθησαν τὰ μέτρα τὰ ὁποῖα πρέπει νὰ ληφθοῦν ὑπὸ τῶν ἁρμοδίων ὑπηρεσιῶν διὰ τὴν ἐφαρμογὴν τῶν σχετικῶν διατάξεων καὶ τὴν ταχυτέραν διεκπεραίωσιν τῶν ὑποθέσεων. Ἐπίσης ἐξητάσθη τὸ ζήτημα τῆς χρηματοδοτήσεως τῶν ἔργων ὑπὸ τῶν τραπεζῶν καὶ τοῦ δημοσίου, ὡς καὶ ἡ συμμετοχὴ τῶν ἰδιωτῶν εἰς τὰς ἐπενδύσεις. ΑΘΗΝΑΙ, 4.— Ὁ ἀντιπρόεδρος τῆς κυβερνήσεως καὶ ὑπουργὸς ἐσωτερικῶν κ. Παττακὸς ἐδέχθη σήμερον τὸν ὑπουργὸν κ. Παπαδημητρίου καὶ τὸν γενικὸν γραμματέα. Ἀπεφασίσθη ὅπως ἡ ἐπιτροπὴ συνέλθῃ ἐκ νέου διὰ τὴν μελέτην τῶν θεμάτων τὰ ὁποῖα ἀφοροῦν εἰς τὴν προστασίαν το

ΠΡΟΣΗΡΑΞΕ ΤΟ ΜΟΤΟΡΣΙΠ «ΘΕΑΝΩ»

ΑΘΗΝΑΙ, 4.— Ὁ ἀντιπρόεδρος τῆς κυβερνήσεως καὶ ὑπουργὸς ἐσωτερικῶν κ. Παττακὸς ἐδέχθη σήμερον τὸν ὑπουργὸν κ. Παπαδημητρίου καὶ τὸν γενικὸν γραμματέα. Ἀπεφασίσθη ὅπως ἡ ἐπιτροπὴ συνέλθῃ ἐκ νέου διὰ τὴν μελέτην τῶν θεμάτων τὰ ὁποῖα ἀφοροῦν εἰς τὴν προστασίαν τοῦ περιβάλλοντος καὶ τὴν ἀνάπτυξιν τῶν περιοχῶν. Κατὰ τὴν συνεδρίασιν συνεζητήθησαν τὰ μέτρα τὰ ὁποῖα πρέπει νὰ ληφθοῦν ὑπὸ τῶν ἁρμοδίων ὑπηρεσιῶν διὰ τὴν ἐφαρμογὴν τῶν σχετικῶν διατάξεων καὶ τὴν ταχυτέραν διεκπεραίωσιν τῶν ὑποθέσεων. Ἐπίσης ἐξητάσθη τὸ ζήτημα τῆς χρηματοδοτήσεως τῶν ἔργων ὑπὸ τῶν τραπεζῶν καὶ τοῦ δημοσίου, ὡς καὶ ἡ συμμετοχὴ τῶν ἰδιωτῶν εἰς τὰς ἐπενδύσεις. ΑΘΗΝΑΙ, 4.— Ὁ ἀντιπρόεδρος τῆς κυβερνήσεως καὶ ὑπουργὸς ἐσωτερικῶν κ. Παττακὸς ἐδέχθη σήμερον τὸν ὑπουργὸν κ. Παπαδημητρίου καὶ τὸν γενικὸν γραμματέα. Ἀπεφασίσθη ὅπως ἡ ἐπιτροπὴ συνέλθῃ ἐκ νέου διὰ τὴν μελέτην τῶν θεμάτων τὰ ὁποῖα ἀφοροῦν εἰς τὴν προστασίαν τοῦ περιβάλλοντος καὶ τὴν ἀνάπτυξιν τῶν

ΠΛΗΡΩΜΑΙ ΔΙ' ΕΚΤΕΛΕΣΘΕΙΣΑΣ ΕΡΓΑΣΙΑΣ

ΑΘΗΝΑΙ, 4.— Ὁ ἀντιπρόεδρος τῆς κυβερνήσεως καὶ ὑπουργὸς ἐσωτερικῶν κ. Παττακὸς ἐδέχθη σήμερον τὸν ὑπουργὸν κ. Παπαδημητρίου καὶ τὸν γενικὸν γραμματέα. Ἀπεφασίσθη ὅπως ἡ ἐπιτροπὴ συνέλθῃ ἐκ νέου διὰ τὴν μελέτην τῶν θεμάτων τὰ ὁποῖα ἀφοροῦν εἰς τὴν προστασίαν τοῦ περιβάλλοντος καὶ τὴν ἀνάπτυξιν τῶν περιοχῶν. Κατὰ τὴν συνεδρίασιν συνεζητήθησαν τὰ μέτρα τὰ ὁποῖα πρέπει νὰ ληφθοῦν ὑπὸ τῶν ἁρμοδίων ὑπηρεσιῶν διὰ τὴν ἐφαρμογὴν τῶν σχετικῶν διατάξεων καὶ τὴν ταχυτέραν διεκπεραίωσιν τῶν ὑποθέσεων. Ἐπίσης ἐξητάσθη τὸ ζήτημα τῆς χρηματοδοτήσεως τῶν ἔργων ὑπὸ τῶν τραπεζῶν καὶ τοῦ δημοσίου, ὡς καὶ ἡ συμμετοχὴ τῶν ἰδιωτῶν εἰς τὰς ἐπενδύσεις. ΑΘΗΝΑΙ, 4.— Ὁ ἀντιπρόεδρος τῆς κυβερνήσεως καὶ ὑπουργὸς ἐσωτερικῶν κ. Παττακὸς ἐδέχθη σήμερον τὸν ὑπουργὸν κ. Παπαδημητρίου καὶ τὸν γενικὸν γραμματέα. Ἀπεφασίσθη ὅπως ἡ ἐπιτροπὴ συνέλθῃ ἐκ νέου διὰ τὴν μελέτην τῶν θεμάτων τὰ ὁποῖα ἀφοροῦν εἰς τὴν προστασίαν τοῦ περιβάλλοντος καὶ τὴν ἀνάπτυξιν τῶν περιοχῶν. Κατὰ τὴν συνεδρίασιν συνεζ

ΟΙ ΝΟΣΗΛΕΥΘΕΝΤΕΣ ΕΙΣ ΘΕΡΑΠΕΥΤΗΡΙΑ ΚΑΤΑ ΤΟΝ ΜΑΡΤΙΟΝ

ΑΘΗΝΑΙ, 4.— Ὁ ἀντιπρόεδρος τῆς κυβερνήσεως καὶ ὑπουργὸς ἐσωτερικῶν κ. Παττακὸς ἐδέχθη σήμερον τὸν ὑπουργὸν κ. Παπαδημητρίου καὶ τὸν γενικὸν γραμματέα. Ἀπεφασίσθη ὅπως ἡ ἐπιτροπὴ συνέλθῃ ἐκ νέου διὰ τὴν μελέτην τῶν θεμάτων τὰ ὁποῖα ἀφοροῦν εἰς τὴν προστασίαν τοῦ περιβάλλοντος καὶ τὴν ἀνάπτυξιν τῶν περιοχῶν. Κατὰ τὴν συνεδρίασιν συνεζητήθησαν τὰ μέτρα τὰ ὁποῖα πρέπει νὰ ληφθοῦν ὑπὸ τῶν ἁρμοδίων ὑπηρεσιῶν διὰ τὴν ἐφαρμογὴν τῶν σχετικῶν διατάξεων καὶ τὴν ταχυτέραν διεκπεραίωσιν τῶν ὑποθέσεων. Ἐπίσης ἐξητάσθη τὸ ζήτημα τῆς χρηματοδοτήσεως τῶν ἔργων ὑπὸ τῶν τραπεζῶν καὶ τοῦ δημοσίου, ὡς καὶ ἡ συμμετοχὴ τῶν ἰδιωτῶν εἰς τὰς ἐπενδύσεις. ΑΘΗΝΑΙ, 4.— Ὁ ἀντιπρόεδρος τῆς κυβερνήσεως καὶ ὑπουργὸς ἐσωτερικῶν κ. Παττακὸς ἐδέχθη σήμερον τὸν ὑπουργὸν κ. Παπαδημητρίου καὶ τὸν γενικὸν γραμματέα. Ἀπεφασίσθη ὅπως ἡ ἐπιτροπὴ συνέλθῃ ἐκ νέου διὰ τὴν μελέτην τῶν θεμάτων τὰ ὁποῖα ἀφοροῦν εἰς τὴν προστασίαν τοῦ περιβάλλοντος καὶ τὴν ἀνάπτυξιν τῶν περιοχῶν. Κατὰ τὴν συνεδρίασιν συνεζητήθησαν τὰ μέτρα τὰ ὁποῖα πρέπει νὰ

Η ΠΡΑΞΙΣ ΔΙΟΡΙΣΜΟΥ ΥΠΑΛΛΗΛΩΝ ΕΚ ΣΧΕΣΕΙ ΙΔΙΩΤΙΚΟΥ ΔΙΚΑΙΟΥ

ΑΘΗΝΑΙ, 4.— Ὁ ἀντιπρόεδρος τῆς κυβερνήσεως καὶ ὑπουργὸς ἐσωτερικῶν κ. Παττακὸς ἐδέχθη σήμερον τὸν ὑπουργὸν κ. Παπαδημητρίου καὶ τὸν γενικὸν γραμματέα. Ἀπεφασίσθη ὅπως ἡ ἐπιτροπὴ συνέλθῃ ἐκ νέου διὰ τὴν μελέτην τῶν θεμάτων τὰ ὁποῖα ἀφοροῦν εἰς τὴν προστασίαν τοῦ περιβάλλοντος καὶ τὴν ἀνάπτυξιν τῶν περιοχῶν. Κατὰ τὴν συνεδρίασιν συνεζητήθησαν τὰ μέτρα τὰ ὁποῖα πρέπει νὰ ληφθοῦν ὑπὸ τῶν ἁρμοδίων ὑπηρεσιῶν διὰ τὴν ἐφαρμογὴν τῶν σχετικῶν διατάξεων καὶ τὴν ταχυτέραν διεκπεραίωσιν τῶν ὑποθέσεων. Ἐπίσης ἐξητάσθη τὸ ζήτημα τῆς χρηματοδοτήσεως τῶν ἔργων ὑπὸ τῶν τραπεζῶν καὶ τοῦ δημοσίου, ὡς καὶ ἡ συμμετοχὴ τῶν ἰδιωτῶν εἰς τὰς ἐπενδύσεις. ΑΘΗΝΑΙ, 4.— Ὁ ἀντιπρόεδρος τῆς κυβερνήσεως καὶ ὑπουργὸς ἐσωτερικῶν κ. Παττακὸς ἐδέχθη σήμερον τὸν ὑπουργὸν κ. Παπαδημητρίου καὶ τὸν γενικὸν γραμματέα. Ἀπεφασίσθη ὅπως ἡ ἐπιτροπὴ συνέλθῃ ἐκ νέου διὰ τὴν μελέτη

Ο κ. ΦΘΕΝΑΚΗΣ ΑΝΕΧΩΡΗΣΕΝ ΕΙΣ ΟΥΑΣΙΓΚΤΩΝ

ΑΘΗΝΑΙ, 4.— Ὁ ἀντιπρόεδρος τῆς κυβερνήσεως καὶ ὑπουργὸς ἐσωτερικῶν κ. Παττακὸς ἐδέχθη σήμερον τὸν ὑπουργὸν κ. Παπαδημητρίου καὶ τὸν γενικὸν γραμματέα. Ἀπεφασίσθη ὅπως ἡ ἐπιτροπὴ συνέλθῃ ἐκ νέου διὰ τὴν μελέτην τῶν θεμάτων τὰ ὁποῖα ἀφοροῦν εἰς τὴν προστασίαν τοῦ περιβάλλοντος καὶ τὴν ἀνάπτυξιν τῶν περιοχῶν. Κατὰ τὴν συνεδρίασιν συνεζητήθησαν τὰ μέτρα τὰ ὁποῖα πρέπει νὰ ληφθοῦν ὑπὸ τῶν ἁρμοδίων ὑπηρεσιῶν διὰ τὴν ἐφαρμογὴν τῶν σχετικῶν διατάξεων καὶ τὴν ταχυτέραν διεκπεραίωσιν τῶν ὑποθέσεων. Ἐπίσης ἐξητάσθη τὸ ζήτημα τῆς χρηματοδοτήσεως τῶν ἔργων ὑπὸ τῶν τραπεζῶν καὶ τοῦ δημοσίου, ὡς καὶ ἡ συμμετοχὴ τῶν ἰδιωτῶν εἰς τὰς ἐπενδύσεις. ΑΘΗΝΑΙ, 4.— Ὁ ἀντιπρόεδρος τῆς κυβερνήσεως καὶ ὑπουργὸς ἐσωτερικῶν κ. Παττακὸς ἐδέχθη σήμερον τὸν ὑπουργὸν κ. Παπαδημητρίου καὶ τὸν γενικὸν γραμματέα. Ἀπεφασίσθη ὅπως ἡ ἐπιτροπὴ συνέλθῃ ἐκ νέου διὰ τὴν μελέτην τῶν θεμάτων τὰ ὁποῖα ἀφοροῦν εἰς τὴ

Ο κ. ΤΣΑΚΩΝΑΣ ΘΑ ΟΜΙΛΗΣΗ ΕΙΣ ΑΞΙΩΜΑΤΙΚΟΥΣ

ΑΘΗΝΑΙ, 4.— Ὁ ἀντιπρόεδρος τῆς κυβερνήσεως καὶ ὑπουργὸς ἐσωτερικῶν κ. Παττακὸς ἐδέχθη σήμερον τὸν ὑπουργὸν κ. Παπαδημητρίου καὶ τὸν γενικὸν γραμματέα. Ἀπεφασίσθη ὅπως ἡ ἐπιτροπὴ συνέλθῃ ἐκ νέου διὰ τὴν μελέτην τῶν θεμάτων τὰ ὁποῖα ἀφοροῦν εἰς τὴν προστασίαν τοῦ περιβάλλοντος καὶ τὴν ἀνάπτυξιν τῶν περιοχῶν. Κατὰ τὴν συνεδρίασιν συνεζητήθησαν τὰ μέτρα τὰ ὁποῖα πρέπει νὰ ληφθοῦν ὑπὸ τῶν ἁρμοδίων ὑπηρεσιῶν διὰ τὴν ἐφαρμογὴν τῶν σχετικῶν διατάξεων καὶ τὴν ταχυτέραν διεκπεραίωσιν τῶν ὑποθέσεων. Ἐπίσης ἐξητάσθη τὸ ζήτημα τῆς χρηματοδοτήσεως τῶν ἔργων ὑπὸ τῶν τραπεζῶν καὶ τοῦ δημοσίου, ὡς καὶ ἡ συμμετοχὴ τῶν ἰδιωτῶν εἰς τὰς ἐπενδύσεις. ΑΘΗΝΑΙ, 4.— Ὁ ἀντιπρόεδρος τῆς κυβερνήσεως καὶ ὑπουργὸς ἐσωτερικῶν κ. Παττακὸς ἐδέχθη σήμερον τὸν ὑπουργὸν κ. Παπαδημητρίου καὶ τὸν γενικὸν γραμματέα. Ἀπεφασίσθη ὅπως ἡ ἐπιτροπὴ συνέλθῃ ἐκ νέου διὰ τὴν μελέτην τῶν θεμάτων τὰ ὁποῖα ἀφοροῦν εἰς τὴν προστασίαν τοῦ περιβάλλοντος καὶ τὴ

Η ΕΛΕΥΘΕΡΑ ΧΡΗΣΙΣ ΑΤΟΜΙΚΩΝ ΕΙΔΩΝ ΑΛΛΟΔΑΠΩΝ ΕΝ ΕΛΛΑΔΙ

ΑΘΗΝΑΙ, 4.— Ὁ ἀντιπρόεδρος τῆς κυβερνήσεως καὶ ὑπουργὸς ἐσωτερικῶν κ. Παττακὸς ἐδέχθη σήμερον τὸν ὑπουργὸν κ. Παπαδημητρίου καὶ τὸν γενικὸν γραμματέα. Ἀπεφασίσθη ὅπως ἡ ἐπιτροπὴ συνέλθῃ ἐκ νέου διὰ τὴν μελέτην τῶν θεμάτων τὰ ὁποῖα ἀφοροῦν εἰς τὴν προστασίαν τοῦ περιβάλλοντος καὶ τὴν ἀνάπτυξιν τῶν περιοχῶν. Κατὰ τὴν συνεδρίασιν συνεζητήθησαν τὰ μέτρα τὰ ὁποῖα πρέπει νὰ ληφθοῦν ὑπὸ τῶν ἁρμοδίων ὑπηρεσιῶν διὰ τὴν ἐφαρμογὴν τῶν σχετικῶν διατάξεων καὶ τὴν ταχυτέραν διεκπεραίωσιν τῶν ὑποθέσεων. Ἐπίσης ἐξητάσθη τὸ ζήτημα τῆς χρηματοδοτήσεως τῶν ἔργων ὑπὸ τῶν τραπεζῶν καὶ τοῦ δημοσίου, ὡς καὶ ἡ συμμετοχὴ τῶν ἰδιωτῶν εἰς τὰς ἐπενδύσεις. ΑΘΗΝΑΙ, 4.— Ὁ ἀντιπρόεδρος τῆς κυβερνήσεως καὶ ὑπουργὸς ἐσωτερικῶν κ. Παττακὸς ἐδέχθη σήμερον τὸν ὑπουργὸν κ. Παπαδημητρίου καὶ τὸν γενικὸν γραμματέα. Ἀπεφασίσθη ὅπως ἡ ἐπιτροπὴ συνέλθῃ ἐκ νέου διὰ τὴν μελέτην τῶν θεμάτων τὰ ὁποῖα ἀφοροῦν εἰς τὴν προστασίαν τοῦ περιβάλλοντος καὶ τὴν ἀνάπτυξιν τῶν περιοχῶν. Κατὰ τὴν συ

ΣΑΝΑΒΡΗΚΕ ΤΟΝ ΠΑΤΕΡΑ ΤΟΥ ΜΕΤΑ 54 ΧΡΟΝΙΑ

ΑΘΗΝΑΙ, 4.— Ὁ ἀντιπρόεδρος τῆς κυβερνήσεως καὶ ὑπουργὸς ἐσωτερικῶν κ. Παττακὸς ἐδέχθη σήμερον τὸν ὑπουργὸν κ. Παπαδημητρίου καὶ τὸν γενικὸν γραμματέα. Ἀπεφασίσθη ὅπως ἡ ἐπιτροπὴ συνέλθῃ ἐκ νέου διὰ τὴν μελέτην τῶν θεμάτων τὰ ὁποῖα ἀφοροῦν εἰς τὴν προστασίαν τοῦ περιβάλλοντος καὶ τὴν ἀνάπτυξιν τῶν περιοχῶν. Κατὰ τὴν συνεδρίασιν συνεζητήθησαν τὰ μέτρα τὰ ὁποῖα πρέπει νὰ ληφθοῦν ὑπὸ τῶν ἁρμοδίων ὑπηρεσιῶν διὰ τὴν ἐφαρμογὴν τῶν σχετικῶν διατάξεων καὶ τὴν ταχυτέραν διεκπεραίωσιν τῶν ὑποθέσεων. Ἐπίσης ἐξητάσθη τὸ ζήτημα τῆς χρηματοδοτήσεως τῶν ἔργων ὑπὸ τῶν τραπεζῶν καὶ τοῦ δημοσίου, ὡς καὶ ἡ συμμετοχὴ τῶν ἰδιωτῶν εἰς τὰς ἐπενδύσεις. ΑΘΗΝΑΙ, 4.— Ὁ ἀντιπρόεδρος τῆς κυβερνήσεως καὶ ὑπουργὸς ἐσωτερικῶν κ. Παττακὸς ἐδέχθη σήμερον τὸν ὑπουργὸν κ. Παπαδημητρίου καὶ τὸν γενικὸν γραμματέα. Ἀπεφασίσθη ὅπως ἡ ἐπιτροπὴ συνέλθῃ ἐκ νέου διὰ τὴν μελέτην τῶν θεμάτων τὰ ὁποῖα ἀφοροῦν εἰς τὴν προστασίαν τοῦ περιβάλλοντος καὶ τὴν ἀνάπτυξιν τῶν περιοχῶν. Κατὰ τὴν συνεδρίασιν συνεζητήθησαν τὰ μέτρα τὰ ὁ

ΕΔΕΙΧΝΕ ΣΕ ΜΑΘΗΤΡΙΕΣ ΑΣΕΜΝΕΣ ΦΩΤΟΓΡΑΦΙΕΣ ΚΑΙ ΚΑΤΑΔΙΚΑΣΘΗΚΕ

ΑΘΗΝΑΙ, 4.— Ὁ ἀντιπρόεδρος τῆς κυβερνήσεως καὶ ὑπουργὸς ἐσωτερικῶν κ. Παττακὸς ἐδέχθη σήμερον τὸν ὑπουργὸν κ. Παπαδημητρίου καὶ τὸν γενικὸν γραμματέα. Ἀπεφασίσθη ὅπως ἡ ἐπιτροπὴ συνέλθῃ ἐκ νέου διὰ τὴν μελέτην τῶν θεμάτων τὰ ὁποῖα ἀφοροῦν εἰς τὴν προστασίαν τοῦ περιβάλλοντος καὶ τὴν ἀνάπτυξιν τῶν περιοχῶν. Κατὰ τὴν συνεδρίασιν συνεζητήθησαν τὰ μέτρα τὰ ὁποῖα πρέπει νὰ ληφθοῦν ὑπὸ τῶν ἁρμοδίων ὑπηρεσιῶν διὰ τὴν ἐφαρμογὴν τῶν σχετικῶν διατάξεων καὶ τὴν ταχυτέραν διεκπεραίωσιν τῶν ὑποθέσεων. Ἐπίσης ἐξητάσθη τὸ ζήτημα τῆς χρηματοδοτήσεως τῶν ἔργων ὑπὸ τῶν τραπεζῶν καὶ τοῦ δημοσίου, ὡς καὶ ἡ συμμετοχὴ τῶν ἰδιωτῶν εἰς τὰς ἐπενδύσεις. ΑΘΗΝΑΙ, 4.— Ὁ ἀντιπρόεδρος τῆς κυβερνήσεως καὶ ὑπουργὸς ἐσωτερικῶν κ. Παττακὸς ἐδέχθη σήμερον τὸν ὑπουργὸν κ. Παπαδημητρίου καὶ τὸν γενικὸν γραμματέα. Ἀπεφασίσθη ὅπως ἡ ἐπιτροπὴ συνέλθῃ ἐκ νέου

ΚΑΤΕΔΙΚΑΣΘΗ ΔΙ' ΕΥΡΙΣΙΝ ΔΕΥΤΕΡΟΚΛΗΘΕΝΤΟΣ

ΑΘΗΝΑΙ, 4.— Ὁ ἀντιπρόεδρος τῆς κυβερνήσεως καὶ ὑπουργὸς ἐσωτερικῶν κ. Παττακὸς ἐδέχθη σήμερον τὸν ὑπουργὸν κ. Παπαδημητρίου καὶ τὸν γενικὸν γραμματέα. Ἀπεφασίσθη ὅπως ἡ ἐπιτροπὴ συνέλθῃ ἐκ νέου διὰ τὴν μελέτην τῶν θεμάτων τὰ ὁποῖα ἀφοροῦν εἰς τὴν προστασίαν τοῦ περιβάλλοντος καὶ τὴν ἀνάπτυξιν τῶν περιοχῶν. Κατὰ τὴν συνεδρίασιν συνεζητήθησαν τὰ μέτρα τὰ ὁποῖα πρέπει νὰ ληφθοῦν ὑπὸ τῶν ἁρμοδίων ὑπηρεσιῶν διὰ τὴν ἐφαρμογὴν τῶν σχετικῶν διατάξεων καὶ τὴν ταχυτέραν διεκπεραίωσιν τῶν ὑποθέσεων. Ἐπίσης ἐξητάσθη τὸ ζήτημα τῆς χρηματοδοτήσεως τῶν ἔργων ὑπὸ τῶν τραπεζῶν καὶ τοῦ δημοσίου, ὡς καὶ ἡ συμμετοχὴ τῶν ἰδιωτῶν εἰς τὰς ἐπενδύσεις. ΑΘΗΝΑΙ, 4.— Ὁ ἀντιπρόεδρος τῆς κυβερνήσεως καὶ ὑπουργὸς ἐσωτερικῶν κ. Παττακὸς ἐδέχθη σήμερον τὸν ὑπουργὸν κ. Παπαδημητρίου καὶ τὸν γενικὸν γραμματέα. Ἀπεφασίσθη ὅπως ἡ ἐπιτροπὴ συνέλθῃ ἐκ νέου διὰ τὴν μελέτην τῶν θεμάτων τὰ ὁποῖα

ΤΕΤΡΑΜΗΝΟΣ ΦΥΛΑΚΙΣΙΣ ΕΙΣ ΤΟΝ ΛΑΜΨΙΔΗΝ

ΑΘΗΝΑΙ, 4.— Ὁ ἀντιπρόεδρος τῆς κυβερνήσεως καὶ ὑπουργὸς ἐσωτερικῶν κ. Παττακὸς ἐδέχθη σήμερον τὸν ὑπουργὸν κ. Παπαδημητρίου καὶ τὸν γενικὸν γραμματέα. Ἀπεφασίσθη ὅπως ἡ ἐπιτροπὴ συνέλθῃ ἐκ νέου διὰ τὴν μελέτην τῶν θεμάτων τὰ ὁποῖα ἀφοροῦν εἰς τὴν προστασίαν τοῦ περιβάλλοντος καὶ τὴν ἀνάπτυξιν τῶν περιοχῶν. Κατὰ τὴν συνεδρίασιν συνεζητήθησαν τὰ μέτρα τὰ ὁποῖα πρέπει νὰ ληφθοῦν ὑπὸ τῶν ἁρμοδίων ὑπηρεσιῶν διὰ τὴν ἐφαρμογὴν τῶν σχετικῶν διατάξεων καὶ τὴν ταχυτέραν διεκπεραίωσιν τῶν ὑποθέσεων. Ἐπίσης ἐξητάσθη τὸ ζήτημα τῆς χρηματοδοτήσεως τῶν ἔργων ὑπὸ τῶν τραπεζῶν καὶ τοῦ δημοσίου, ὡς καὶ ἡ συμμετοχὴ τῶν ἰδιωτῶν εἰς τὰς ἐπενδύσεις. ΑΘΗΝΑΙ, 4.— Ὁ ἀντιπρόεδρος τῆς κυβερνήσεως καὶ ὑπουργὸς ἐσωτερικῶν κ. Παττακὸς ἐδέχθη σήμερον τὸν ὑπουργὸν κ. Παπαδημητρίου καὶ τὸν γενικὸν γραμματέα. Ἀπεφασίσθη ὅπως ἡ ἐπιτροπὴ συνέλθῃ ἐκ νέου διὰ τὴν μελέτην τῶν θεμάτων τὰ ὁποῖα ἀφοροῦν εἰς τὴν προστασίαν τοῦ περιβ

ΑΓΝΩΣΤΟΙ ΑΦΗΡΕΣΑΝ 70.000 ΔΡΑΧΜΩΝ

ΑΘΗΝΑΙ, 4.— Ὁ ἀντιπρόεδρος τῆς κυβερνήσεως καὶ ὑπουργὸς ἐσωτερικῶν κ. Παττακὸς ἐδέχθη σήμερον τὸν ὑπουργὸν κ. Παπαδημητρίου καὶ τὸν γενικὸν γραμματέα. Ἀπεφασίσθη ὅπως ἡ ἐπιτροπὴ συνέλθῃ ἐκ νέου διὰ τὴν μελέτην τῶν θεμάτων τὰ ὁποῖα ἀφοροῦν εἰς τὴν προστασίαν τοῦ περιβάλλοντος καὶ τὴν ἀνάπτυξιν τῶν περιοχῶν. Κατὰ τὴν συνεδρίασιν συνεζητήθησαν τὰ μέτρα τὰ ὁποῖα πρέπει νὰ ληφθοῦν ὑπὸ τῶν ἁρμοδίων ὑπηρεσιῶν διὰ τὴν ἐφαρμογὴν τῶν σχετικῶν διατάξεων καὶ τὴν ταχυτέραν διεκπεραίωσιν τῶν ὑποθέσεων. Ἐπίσης ἐξητάσθη τὸ ζήτημα τῆς χρηματοδοτήσεως τῶν ἔργων ὑπὸ τῶν τραπεζῶν καὶ τοῦ δημοσίου, ὡς καὶ ἡ συμμετοχὴ τῶν ἰδιωτῶν εἰς τὰς ἐπενδύσεις. ΑΘΗΝΑΙ, 4.— Ὁ ἀντιπρόεδρος τῆς κυβερνήσεως καὶ ὑπουργὸς ἐσωτερικῶν κ. Παττακὸς ἐδέχθη σήμερον τὸν ὑπουργὸν κ. Παπαδημητρίου καὶ τὸν γενικὸν γραμματέα. Ἀπεφασίσθη ὅπως ἡ ἐπιτροπὴ συνέλθῃ ἐκ νέου διὰ τὴν μελέτην τῶν θεμάτων τὰ ὁποῖα ἀφοροῦν εἰς τὴν προστασίαν τοῦ περιβάλλοντος καὶ τὴν ἀνάπτυξιν τῶν περιοχ

ΑΚΥΡΩΣΙΣ ΠΤΟΧΕΥΣΕΩΣ

ΑΘΗΝΑΙ, 4.— Ὁ ἀντιπρόεδρος τῆς κυβερνήσεως καὶ ὑπουργὸς ἐσωτερικῶν κ. Παττακὸς ἐδέχθη σήμερον τὸν ὑπουργὸν κ. Παπαδημητρίου καὶ τὸν γενικὸν γραμματέα. Ἀπεφασίσθη ὅπως ἡ ἐπιτροπὴ συνέλθῃ ἐκ νέου διὰ τὴν μελέτην τῶν θεμάτων τὰ ὁποῖα ἀφοροῦν εἰς τὴν προστασίαν τοῦ περιβάλλοντος καὶ τὴν ἀνάπτυξιν τῶν περιοχῶν. Κατὰ τὴν συνεδρίασιν συνεζητήθησαν τὰ μέτρα τὰ ὁποῖα πρέπει νὰ ληφθοῦν ὑπὸ τῶν ἁρμοδίων ὑπηρεσιῶν διὰ τὴν ἐφαρμογὴν τῶν σχετικῶν διατάξεων καὶ τὴν ταχυτέραν διεκπεραίωσιν τῶν ὑποθέσεων. Ἐπίσης ἐξητάσθη τὸ ζήτημα τῆς χρηματοδοτήσεως τῶν ἔργων ὑπὸ τῶν τραπεζῶν καὶ τοῦ δημοσίου, ὡς καὶ ἡ συμμετοχὴ τῶν ἰδιωτῶν εἰς τὰς ἐπενδύσεις. ΑΘΗΝΑΙ, 4.— Ὁ ἀντιπρόεδρος τῆς κυβερνήσεως καὶ ὑπουργὸς ἐσωτερικῶν κ. Παττακὸς ἐδέχθη σήμερον τὸν ὑπουργὸν κ. Παπαδημητρίου καὶ τὸν γενικὸν γραμματέα. Ἀπεφασίσθη ὅπως ἡ ἐπιτροπὴ συνέλθῃ ἐκ νέου διὰ τὴν μελέτην τῶν θεμάτων τὰ ὁποῖα ἀφοροῦν εἰς τὴν προστασίαν τοῦ περιβάλλοντος καὶ τὴν ἀνάπτυξιν τῶν περιοχῶν. Κατὰ τὴν συνεδρίασιν συνεζητήθησα

ΣελίC11
ΔΕΝ ΕΠΕΤΕΥΧΘΗ ΕΙΣΕΤΙ ΑΝΑΝΕΩΣΙΣ ΤΗΣ ΣΥΜΦΩΝΙΑΣ ΜΕ ΤΟ ΚΛΙΜΑΚΙΟΝ ΤΟΥ ΔΙΕΘΝΟΥΣ ΕΡΥΘΡΟΥ ΣΤΑΥΡΟΥ
ΟΙ ΤΕΘΕΝΤΕΣ ΟΡΟΙ ΕΒΕΩΡΗΘΗΣΑΝ ΩΣ ΑΠΑΡΑΔΕΚΤΟΙ

ΑΘΗΝΑΙ, 4.— Ὁ ἀντιπρόεδρος τῆς κυβερνήσεως καὶ ὑπουργὸς ἐσωτερικῶν κ. Παττακὸς ἐδέχθη σήμερον τὸν ὑπουργὸν κ. Παπαδημητρίου καὶ τὸν γενικὸν γραμματέα. Ἀπεφασίσθη ὅπως ἡ ἐπιτροπὴ συνέλθῃ ἐκ νέου διὰ τὴν μελέτην τῶν θεμάτων τὰ ὁποῖα ἀφοροῦν εἰς τὴν προστασίαν τοῦ περιβάλλοντος καὶ τὴν ἀνάπτυξιν τῶν περιοχῶν. Κατὰ τὴν συνεδρίασιν συνεζητήθησαν τὰ μέτρα τὰ ὁποῖα πρέπει νὰ ληφθοῦν ὑπὸ τῶν ἁρμοδίων ὑπηρεσιῶν διὰ τὴν ἐφαρμογὴν τῶν σχετικῶν διατάξεων καὶ τὴν ταχυτέραν διεκπεραίωσιν τῶν ὑποθέσεων. Ἐπίσης ἐξητάσθη τὸ ζήτημα τῆς χρηματοδοτήσεως τῶν ἔργων ὑπὸ τῶν τραπεζῶν καὶ τοῦ δημοσίου, ὡς καὶ ἡ συμμετοχὴ τῶν ἰδιωτῶν εἰς τὰς ἐπενδύσεις. ΑΘΗΝΑΙ, 4.— Ὁ ἀντιπρόεδρος τῆς κυβερνήσεως καὶ ὑπουργὸς ἐσωτερικῶν κ. Παττακὸς ἐδέχθη σήμερον τὸν ὑπουργὸν κ. Παπαδημητρίου καὶ τὸν γενικὸν γραμματέα. Ἀπεφασίσθη ὅπως ἡ ἐπιτροπὴ συνέλθῃ ἐκ νέου διὰ τὴν μελέτην τῶν θεμάτων τὰ ὁποῖα ἀφοροῦν εἰς τὴν προστασίαν τοῦ περιβάλλοντος καὶ τὴν ἀνάπτυξιν τῶν περιοχῶν. Κατὰ τὴν συνεδρίασιν συνεζητήθησαν τὰ μέτρα τὰ ὁποῖα πρέπει νὰ ληφθοῦν

ΑΘΗΝΑΙ, 4.— Ὁ ἀντιπρόεδρος τῆς κυβερνήσεως καὶ ὑπουργὸς ἐσωτερικῶν κ. Παττακὸς ἐδέχθη σήμερον τὸν ὑπουργὸν κ. Παπαδημητρίου καὶ τὸν γενικὸν γραμματέα. Ἀπεφασίσθη ὅπως ἡ ἐπιτροπὴ συνέλθῃ ἐκ νέου διὰ τὴν μελέτην τῶν θεμάτων τὰ ὁποῖα ἀφοροῦν εἰς τὴν προστασίαν τοῦ περιβάλλοντος καὶ τὴν ἀνάπτυξιν τῶν περιοχῶν. Κατὰ τὴν συνεδρίασιν συνεζητήθησαν τὰ μέτρα τὰ ὁποῖα πρέπει νὰ ληφθοῦν ὑπὸ τῶν ἁρμοδίων ὑπηρεσιῶν διὰ τὴν ἐφαρμογὴν τῶν σχετικῶν διατάξεων καὶ τὴν ταχυτέραν διεκπεραίωσιν τῶν ὑποθέσεων. Ἐπίσης ἐξητάσθη τὸ ζήτημα τῆς χρηματοδοτήσεως τῶν ἔργων ὑπὸ τῶν τραπεζῶν καὶ τοῦ δημοσίου, ὡς καὶ ἡ συμμετοχὴ τῶν ἰδιωτῶν εἰς τὰς ἐπενδύσεις. ΑΘΗΝΑΙ, 4.— Ὁ ἀντιπρόεδρος τῆς κυβερνήσεως καὶ ὑπουργὸς ἐσωτερικῶν κ. Παττακὸς ἐδέχθη σήμερον τὸν ὑπουργὸν κ. Παπαδημητρίου καὶ τὸν γενικὸν γραμματέα. Ἀπεφασίσθη ὅπως ἡ ἐπιτροπὴ συνέλθῃ ἐκ νέου διὰ τὴν μελέτην τῶν θ

380.000 ΑΥΤΟΚΙΝΗΤΑ ΣΤΑΘΜΕΥΟΥΝ ΚΑΘΗΜΕΡΙΝΩΣ ΕΙΣ ΤΑΣ ΠΛΑΤΕΙΑΣ ΚΑΙ ΤΟΥΣ ΔΡΟΜΟΥΣ ΤΟΥ ΠΑΡΙΣΙΟΥ

ΑΘΗΝΑΙ, 4.— Ὁ ἀντιπρόεδρος τῆς κυβερνήσεως καὶ ὑπουργὸς ἐσωτερικῶν κ. Παττακὸς ἐδέχθη σήμερον τὸν ὑπουργὸν κ. Παπαδημητρίου καὶ τὸν γενικὸν γραμματέα. Ἀπεφασίσθη ὅπως ἡ ἐπιτροπὴ συνέλθῃ ἐκ νέου διὰ τὴν μελέτην τῶν θεμάτων τὰ ὁποῖα ἀφοροῦν εἰς τὴν προστασίαν τοῦ περιβάλλοντος καὶ τὴν ἀνάπτυξιν τῶν περιοχῶν. Κατὰ τὴν συνεδρίασιν συνεζητήθησαν τὰ μέτρα τὰ ὁποῖα πρέπει νὰ ληφθοῦν ὑπὸ τῶν ἁρμοδίων ὑπηρεσιῶν διὰ τὴν ἐφαρμογὴν τῶν σχετικῶν διατάξεων καὶ τὴν ταχυτέραν διεκπεραίωσιν τῶν ὑποθέσεων. Ἐπίσης ἐξητάσθη τὸ ζήτημα τῆς χρηματοδοτήσεως τῶν ἔργων ὑπὸ τῶν τραπεζῶν καὶ τοῦ δημοσίου, ὡς καὶ ἡ συμμετοχὴ τῶν ἰδιωτῶν εἰς τὰς ἐπενδύσεις. ΑΘΗΝΑΙ, 4.— Ὁ ἀντιπρόεδρος τῆς κυβερνήσεως καὶ ὑπουργὸς ἐσωτερικῶν κ. Παττακὸς ἐδέχθη σήμερον τὸν ὑπουργὸν κ. Παπαδημητρίου καὶ τὸν γενικὸν γραμματέα. Ἀπεφασίσθη ὅπως ἡ ἐπιτροπὴ συνέλθῃ ἐκ νέου διὰ τὴν μελέτην τῶν θεμάτων τὰ ὁποῖα ἀφοροῦν εἰς τὴν προστ

ΑΘΗΝΑΙ, 4.— Ὁ ἀντιπρόεδρος τῆς κυβερνήσεως καὶ ὑπουργὸς ἐσωτερικῶν κ. Παττακὸς ἐδέχθη σήμερον τὸν ὑπουργὸν κ. Παπαδημητρίου καὶ τὸν γενικὸν γραμματέα. Ἀπεφασίσθη ὅπως ἡ ἐπιτροπὴ συνέλθῃ ἐκ νέου διὰ τὴν μελέτην τῶν θεμάτων τὰ ὁποῖα ἀφοροῦν εἰς τὴν προστασίαν τοῦ περιβάλλοντος καὶ τὴν ἀνάπτυξιν τῶν περιοχῶν. Κατὰ τὴν συνεδρίασιν συνεζητήθησαν τὰ μέτρα τὰ ὁποῖα πρέπει νὰ ληφθοῦν ὑπὸ τῶν ἁρμοδίων ὑπηρεσιῶν διὰ τὴν ἐφαρμογὴν τῶν σχετικῶν διατάξεων καὶ τὴν ταχυτέραν διεκπεραίωσιν τῶν ὑποθέσεων. Ἐπίσης ἐξητάσθη τὸ ζήτημα τῆς χρηματοδοτήσεως τῶν ἔργων ὑπὸ τῶν τραπεζῶν καὶ τοῦ δημοσίου, ὡς καὶ ἡ συμμετοχὴ τῶν ἰδιωτῶν εἰς τὰς ἐπενδύσεις. ΑΘΗΝΑΙ, 4.— Ὁ ἀντιπρόεδρος τῆς κυβερνήσεως καὶ ὑπουργὸς ἐσωτερικῶν κ. Παττακὸς ἐδέχθη σήμερον τὸν ὑπουργὸν κ. Παπαδημητρίου καὶ τὸν γενικὸν γραμματέα. Ἀπεφασίσθη ὅπως ἡ ἐπιτροπὴ συνέλθῃ ἐκ νέου διὰ τὴν μελέτην τῶν θεμάτων τὰ ὁποῖα ἀφοροῦν εἰς τὴν προστασίαν τοῦ περιβάλλοντος καὶ τὴν ἀνάπτ

ΠΟΛΛΑ ΞΕΝΑ ΣΚΑΦΗ ΕΧΟΥΝ ΠΑΡΑΓΓΕΛΘΗ ΕΙΣ ΓΑΛΛΙΚΑ ΝΑΥΠΗΓΕΙΑ ΤΟ ΤΡΕΧΟΝ ΕΤΟΣ

ΑΘΗΝΑΙ, 4.— Ὁ ἀντιπρόεδρος τῆς κυβερνήσεως καὶ ὑπουργὸς ἐσωτερικῶν κ. Παττακὸς ἐδέχθη σήμερον τὸν ὑπουργὸν κ. Παπαδημητρίου καὶ τὸν γενικὸν γραμματέα. Ἀπεφασίσθη ὅπως ἡ ἐπιτροπὴ συνέλθῃ ἐκ νέου διὰ τὴν μελέτην τῶν θεμάτων τὰ ὁποῖα ἀφοροῦν εἰς τὴν προστασίαν τοῦ περιβάλλοντος καὶ τὴν ἀνάπτυξιν τῶν περιοχῶν. Κατὰ τὴν συνεδρίασιν συνεζητήθησαν τὰ μέτρα τὰ ὁποῖα πρέπει νὰ ληφθοῦν ὑπὸ τῶν ἁρμοδίων ὑπηρεσιῶν διὰ τὴν ἐφαρμογὴν τῶν σχετικῶν διατάξεων καὶ τὴν ταχυτέραν διεκπεραίωσιν τῶν ὑποθέσεων. Ἐπίσης ἐξητάσθη τὸ ζήτημα τῆς χρηματοδοτήσεως τῶν ἔργων ὑπὸ τῶν τραπεζῶν καὶ τοῦ δημοσίου, ὡς καὶ ἡ συμμετοχὴ τῶν ἰδιωτῶν εἰς τὰς ἐπενδύσεις. ΑΘΗΝΑΙ, 4.— Ὁ ἀντιπρόεδρος τῆς κυβερνήσεως καὶ ὑπουργὸς ἐσωτερικῶν κ. Παττακὸς ἐδέχθη σήμερον τὸν ὑπουργὸν κ. Παπαδημητρίου καὶ τὸν γενικὸν γραμματέα. Ἀπεφασίσθη ὅπως ἡ ἐπιτροπὴ συνέλθῃ ἐκ νέου διὰ τὴν μελέτην τῶν θεμάτων τὰ ὁποῖα ἀφοροῦν εἰς τὴν προστασίαν τοῦ περιβάλλοντος καὶ τὴν ἀνάπτυξιν τῶν περιοχῶν. Κατὰ τὴν συνεδρίασ

ΔΙΕΘΝΕΣ ΣΥΝΕΔΡΙΟΝ ΠΟΛΙΤΙΚΩΝ ΜΗΧΑΝΙΚΩΝ ΣΥΓΚΡΟΤΕΙΤΑΙ ΤΟΝ ΙΟΥΝΙΟΝ ΕΙΣ ΤΟ ΠΑΡΙΣΙ

ΑΘΗΝΑΙ, 4.— Ὁ ἀντιπρόεδρος τῆς κυβερνήσεως καὶ ὑπουργὸς ἐσωτερικῶν κ. Παττακὸς ἐδέχθη σήμερον τὸν ὑπουργὸν κ. Παπαδημητρίου καὶ τὸν γενικὸν γραμματέα. Ἀπεφασίσθη ὅπως ἡ ἐπιτροπὴ συνέλθῃ ἐκ νέου διὰ τὴν μελέτην τῶν θεμάτων τὰ ὁποῖα ἀφοροῦν εἰς τὴν προστασίαν τοῦ περιβάλλοντος καὶ τὴν ἀνάπτυξιν τῶν περιοχῶν. Κατὰ τὴν συνεδρίασιν συνεζητήθησαν τὰ μέτρα τὰ ὁποῖα πρέπει νὰ ληφθοῦν ὑπὸ τῶν ἁρμοδίων ὑπηρεσιῶν διὰ τὴν ἐφαρμογὴν τῶν σχετικῶν διατάξεων καὶ τὴν ταχυτέραν διεκπεραίωσιν τῶν ὑποθέσεων. Ἐπίσης ἐξητάσθη τὸ ζήτημα τῆς χρηματοδοτήσεως τῶν ἔργων ὑπὸ τῶν τραπεζῶν καὶ τοῦ δημοσίου, ὡς καὶ ἡ συμμετοχὴ τῶν ἰδιωτῶν εἰς τὰς ἐπενδύσεις. ΑΘΗΝΑΙ, 4.— Ὁ ἀντιπρόεδρος τῆς κυβερνήσεως καὶ ὑπουργὸς ἐσωτερικῶν κ. Παττακὸς ἐδέχθη σήμερον τὸν ὑπουργὸν κ. Παπαδημητρίου καὶ τὸν γενικὸν γραμματέα. Ἀπεφασίσθη ὅπως ἡ ἐπιτροπὴ συνέλθῃ ἐκ νέου διὰ τὴν μελέτην τῶν θεμάτων τὰ ὁποῖα ἀφοροῦν εἰς τὴν προστασίαν τοῦ περιβάλλοντος καὶ τὴν ἀνάπτυξιν τῶν περιοχῶν. Κατὰ τὴν συνεδρίασιν συνεζητήθησαν τὰ μέτρα τὰ ὁποῖα πρ

ΑΘΗΝΑΙ, 4.— Ὁ ἀντιπρόεδρος τῆς κυβερνήσεως καὶ ὑπουργὸς ἐσωτερικῶν κ. Παττακὸς ἐδέχθη σήμερον τὸν ὑπουργὸν κ. Παπαδημητρίου καὶ τὸν γενικὸν γραμματέα. Ἀπεφασίσθη ὅπως ἡ ἐπιτροπὴ συνέλθῃ ἐκ νέου διὰ τὴν μελέτην τῶν θεμάτων τὰ ὁποῖα ἀφοροῦν εἰς τὴν προστασίαν τοῦ περιβάλλοντος καὶ τὴν ἀνάπτυξιν τῶν περιοχῶν. Κατὰ τὴν συνεδρίασιν συνεζητήθησαν τὰ μέτρα τὰ ὁποῖα πρέπει νὰ ληφθοῦν ὑπὸ τῶν ἁρμοδίων ὑπηρεσιῶν διὰ τὴν ἐφαρμογὴν τῶν σχετικῶν διατάξεων καὶ τὴν ταχυτέραν διεκπεραίωσιν τῶν ὑποθέσεων. Ἐπίσης ἐξητάσθη τὸ ζήτημα τῆς χρηματοδοτήσεως τῶν ἔργων ὑπὸ τῶν τραπεζῶν καὶ τοῦ δημοσίου, ὡς καὶ ἡ συμμετοχὴ τῶν ἰδιωτῶν εἰς τὰς ἐπενδύσεις. ΑΘΗΝΑΙ, 4.— Ὁ ἀντιπρόεδρος τῆς κυβερνήσεως καὶ ὑπουργὸς ἐσωτερικῶν κ. Παττακὸς ἐδέχθη σήμερον τὸν ὑπουργὸν κ. Παπαδημητρίου καὶ τὸν γενικὸν γραμματέα. Ἀπεφασίσθη ὅπως ἡ ἐπιτροπὴ συνέλθῃ ἐκ νέου διὰ τὴ

ΚΑΤΑΣΚΕΥΑΣΤΑΙ ΠΡΟΤΕΙΝΟΥΝ ΑΝΑΜΟΡΦΩΣΙΝ ΤΟΥ ΘΕΣΜΟΥ ΤΗΣ ΟΡΙΖΟΝΤΙΟΥ ΙΔΙΟΚΤΗΣΙΑΣ

ΑΘΗΝΑΙ, 4.— Ὁ ἀντιπρόεδρος τῆς κυβερνήσεως καὶ ὑπουργὸς ἐσωτερικῶν κ. Παττακὸς ἐδέχθη σήμερον τὸν ὑπουργὸν κ. Παπαδημητρίου καὶ τὸν γενικὸν γραμματέα. Ἀπεφασίσθη ὅπως ἡ ἐπιτροπὴ συνέλθῃ ἐκ νέου διὰ τὴν μελέτην τῶν θεμάτων τὰ ὁποῖα ἀφοροῦν εἰς τὴν προστασίαν τοῦ περιβάλλοντος καὶ τὴν ἀνάπτυξιν τῶν περιοχῶν. Κατὰ τὴν συνεδρίασιν συνεζητήθησαν τὰ μέτρα τὰ ὁποῖα πρέπει νὰ ληφθοῦν ὑπὸ τῶν ἁρμοδίων ὑπηρεσιῶν διὰ τὴν ἐφαρμογὴν τῶν σχετικῶν διατάξεων καὶ τὴν ταχυτέραν διεκπεραίωσιν τῶν ὑποθέσεων. Ἐπίσης ἐξητάσθη τὸ ζήτημα τῆς χρηματοδοτήσεως τῶν ἔργων ὑπὸ τῶν τραπεζῶν καὶ τοῦ δημοσίου, ὡς καὶ ἡ συμμετοχὴ τῶν ἰδιωτῶν εἰς τὰς ἐπενδύσεις. ΑΘΗΝΑΙ, 4.— Ὁ ἀντιπρόεδρος τῆς κυβερνήσεως καὶ ὑπουργὸς ἐσωτερικῶν κ. Παττακὸς ἐδέχθη σήμερον τὸν ὑπουργὸν κ. Παπαδημητρίου καὶ τὸν γενικὸν γραμματέα. Ἀπεφασίσθη ὅπως ἡ ἐπιτροπὴ συνέλθῃ ἐκ νέου διὰ τὴν μελέτην τῶν θεμάτων τὰ ὁποῖα ἀφοροῦ

ΑΘΗΝΑΙ, 4.— Ὁ ἀντιπρόεδρος τῆς κυβερνήσεως καὶ ὑπουργὸς ἐσωτερικῶν κ. Παττακὸς ἐδέχθη σήμερον τὸν ὑπουργὸν κ. Παπαδημητρίου καὶ τὸν γενικὸν γραμματέα. Ἀπεφασίσθη ὅπως ἡ ἐπιτροπὴ συνέλθῃ ἐκ νέου διὰ τὴν μελέτην τῶν θεμάτων τὰ ὁποῖα ἀφοροῦν εἰς τὴν προστασίαν τοῦ περιβάλλοντος καὶ τὴν ἀνάπτυξιν τῶν περιοχῶν. Κατὰ τὴν συνεδρίασιν συνεζητήθησαν τὰ μέτρα τὰ ὁποῖα πρέπει νὰ ληφθοῦν ὑπὸ τῶν ἁρμοδίων ὑπηρεσιῶν διὰ τὴν ἐφαρμογὴν τῶν σχετικῶν διατάξεων καὶ τὴν ταχυτέραν διεκπεραίωσιν τῶν ὑποθέσεων. Ἐπίσης ἐξητάσθη τὸ ζήτημα τῆς χρηματοδοτήσεως τῶν ἔργων ὑπὸ τῶν τραπεζῶν καὶ τοῦ δημοσίου, ὡς καὶ ἡ συμμετοχὴ τῶν ἰδιωτῶν εἰς τὰς ἐπενδύσεις. ΑΘΗΝΑΙ, 4.— Ὁ ἀντιπρόεδρος τῆς κυβερνήσεως καὶ ὑπουργὸς ἐσωτερικῶν κ. Παττακὸς ἐδέχθη σήμερον τὸν ὑπουργὸν κ. Παπαδημητρίου καὶ τὸν γενικὸν γραμματέα. Ἀπεφασίσθη ὅπως ἡ ἐπιτροπὴ συνέλθῃ ἐκ νέου διὰ τὴν μελέτην τῶν θεμάτων τὰ ὁποῖα ἀφοροῦν εἰς τὴν προστασίαν τοῦ περιβάλλοντο

Η ΣΥΖΗΤΗΣΙΣ ΔΙΑ ΤΗΝ ΕΚΘΕΣΙΝ ΤΟΥ κ. ΤΑΣΚΑ ΕΝΩΠΙΟΝ ΤΗΣ ΕΠΙΤΡΟΠΗΣ ΤΗΣ ΓΕΡΟΥΣΙΑΣ
ΣΥΝΕΧΕΙΑ ΕΚ ΤΗΣ 4ΗΣ ΣΕΛ.

ΑΘΗΝΑΙ, 4.— Ὁ ἀντιπρόεδρος τῆς κυβερνήσεως καὶ ὑπουργὸς ἐσωτερικῶν κ. Παττακὸς ἐδέχθη σήμερον τὸν ὑπουργὸν κ. Παπαδημητρίου καὶ τὸν γενικὸν γραμματέα. Ἀπεφασίσθη ὅπως ἡ ἐπιτροπὴ συνέλθῃ ἐκ νέου διὰ τὴν μελέτην τῶν θεμάτων τὰ ὁποῖα ἀφοροῦν εἰς τὴν προστασίαν τοῦ περιβάλλοντος καὶ τὴν ἀνάπτυξιν τῶν περιοχῶν. Κατὰ τὴν συνεδρίασιν συνεζητήθησαν τὰ μέτρα τὰ ὁποῖα πρέπει νὰ ληφθοῦν ὑπὸ τῶν ἁρμοδίων ὑπηρεσιῶν διὰ τὴν ἐφαρμογὴν τῶν σχετικῶν διατάξεων καὶ τὴν ταχυτέραν διεκπεραίωσιν τῶν ὑποθέσεων. Ἐπίσης ἐξητάσθη τὸ ζήτημα τῆς χρηματοδοτήσεως τῶν ἔργων ὑπὸ τῶν τραπεζῶν καὶ τοῦ δημοσίου, ὡς καὶ ἡ συμμετοχὴ τῶν ἰδιωτῶν εἰς τὰς ἐπενδύσεις. ΑΘΗΝΑΙ, 4.— Ὁ ἀντιπρόεδρος τῆς κυβερνήσεως καὶ ὑπουργὸς ἐσωτερικῶν κ. Παττακὸς ἐδέχθη σήμερον τὸν ὑπουργὸν κ. Παπαδημητρίου καὶ τὸν γενικὸν γραμματέα. Ἀπεφασίσθη ὅπως ἡ ἐπιτροπὴ συνέλθῃ ἐκ νέου διὰ τὴν μελέτην τῶν θεμάτων τὰ ὁποῖα ἀφοροῦν εἰς τὴν προστασίαν τοῦ περιβάλλοντος καὶ τὴν ἀνάπτυξιν τῶν περιοχῶν. Κατ

ΑΘΗΝΑΙ, 4.— Ὁ ἀντιπρόεδρος τῆς κυβερνήσεως καὶ ὑπουργὸς ἐσωτερικῶν κ. Παττακὸς ἐδέχθη σήμερον τὸν ὑπουργὸν κ. Παπαδημητρίου καὶ τὸν γενικὸν γραμματέα. Ἀπεφασίσθη ὅπως ἡ ἐπιτροπὴ συνέλθῃ ἐκ νέου διὰ τὴν μελέτην τῶν θεμάτων τὰ ὁποῖα ἀφοροῦν εἰς τὴν προστασίαν τοῦ περιβάλλοντος καὶ τὴν ἀνάπτυξιν τῶν περιοχῶν. Κατὰ τὴν συνεδρίασιν συνεζητήθησαν τὰ μέτρα τὰ ὁποῖα πρέπει νὰ ληφθοῦν ὑπὸ τῶν ἁρμοδίων ὑπηρεσιῶν διὰ τὴν ἐφαρμογὴν τῶν σχετικῶν διατάξεων καὶ τὴν ταχυτέραν διεκπεραίωσιν τῶν ὑποθέσεων. Ἐπίσης ἐξητάσθη τὸ ζήτημα τῆς χρηματοδοτήσεως τῶν ἔργων ὑπὸ τῶν τραπεζῶν καὶ τοῦ δημοσίου, ὡς καὶ ἡ συμμετοχὴ τῶν ἰδιωτῶν εἰς τὰς ἐπενδύσεις. ΑΘΗΝΑΙ, 4.— Ὁ ἀντιπρόεδρος τῆς κυβερνήσεως καὶ ὑπουργὸς ἐσωτερικῶν κ. Παττακὸς ἐδέχθη σήμερον τὸν ὑπουργὸν κ. Παπαδημητρίου καὶ τὸν γενικὸν γραμματέα. Ἀπεφασίσθη ὅπως ἡ ἐπιτροπὴ συνέλθῃ ἐκ νέου διὰ τὴν μελέτην τῶν θεμάτων τὰ ὁποῖα ἀφοροῦν εἰς τὴν προστασίαν τοῦ περιβάλλοντος καὶ τὴν ἀνάπτυξιν τῶν περιοχῶν. Κατὰ τὴν συνεδρίασιν συνεζητήθησαν τὰ μέ

ΕΜΗΝΥΣΕ ΤΡΙΑ ΑΤΟΜΑ ΔΙ' ΕΚΒΙΑΣΜΟΝ

ΑΘΗΝΑΙ, 4.— Ὁ ἀντιπρόεδρος τῆς κυβερνήσεως καὶ ὑπουργὸς ἐσωτερικῶν κ. Παττακὸς ἐδέχθη σήμερον τὸν ὑπουργὸν κ. Παπαδημητρίου καὶ τὸν γενικὸν γραμματέα. Ἀπεφασίσθη ὅπως ἡ ἐπιτροπὴ συνέλθῃ ἐκ νέου διὰ τὴν μελέτην τῶν θεμάτων τὰ ὁποῖα ἀφοροῦν εἰς τὴν προστασίαν τοῦ περιβάλλοντος καὶ τὴν ἀνάπτυξιν τῶν περιοχῶν. Κατὰ τὴν συνεδρίασιν συνεζητήθησαν τὰ μέτρα τὰ ὁποῖα πρέπει νὰ ληφθοῦν ὑπὸ τῶν ἁρμοδίων ὑπηρεσιῶν διὰ τὴν ἐφαρμογὴν τῶν σχετικῶν διατάξεων καὶ τὴν ταχυτέραν διεκπεραίωσιν τῶν ὑποθέσεων. Ἐπίσης ἐξητάσθη τὸ ζήτημα τῆς χρηματοδοτήσεως τῶν ἔργων ὑπὸ τῶν τραπεζῶν καὶ τοῦ δημοσίου, ὡς καὶ ἡ συμμετοχὴ τῶν ἰδιωτῶν εἰς τὰς ἐπενδύσεις. ΑΘΗΝΑΙ, 4.— Ὁ ἀντιπρόεδρος τῆς κυβερνήσεως καὶ ὑπουργὸς ἐσωτερικῶν κ. Παττακὸς ἐδέχθη σήμερον τὸν ὑπουργὸν κ. Παπαδημητρίου καὶ τὸν γενικὸν γραμματέα. Ἀπεφασίσθη ὅπως ἡ ἐπιτροπὴ συνέλθῃ
